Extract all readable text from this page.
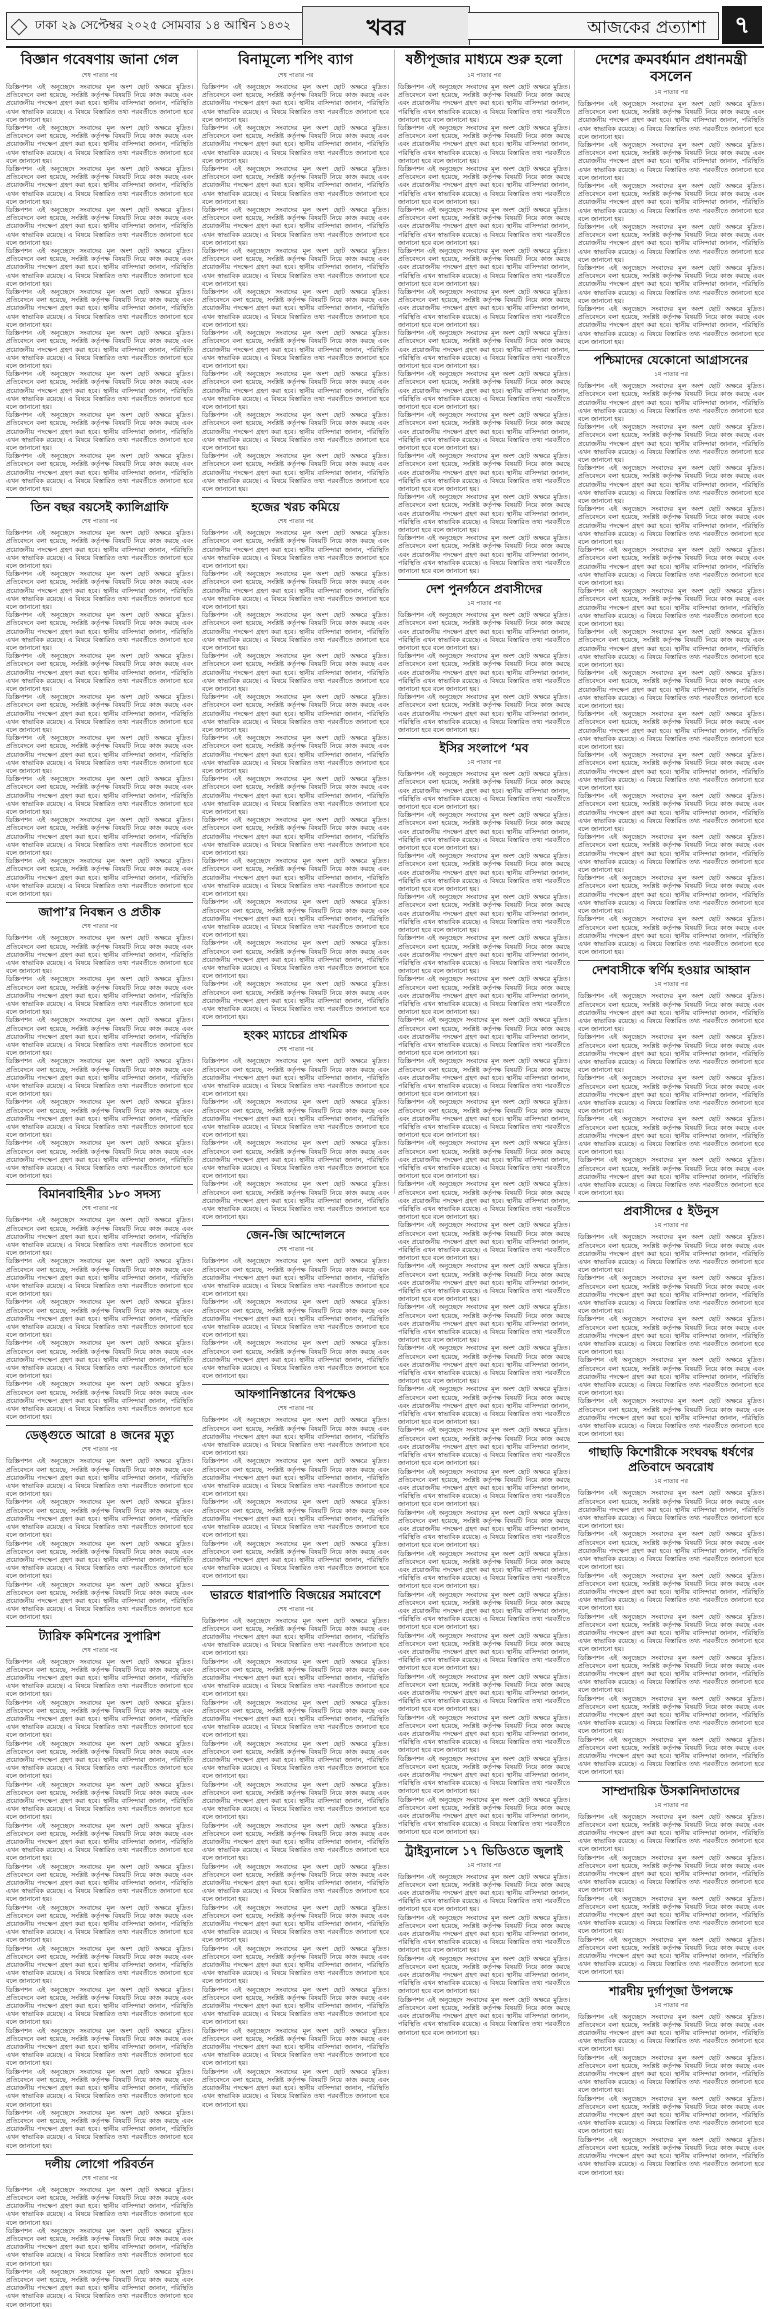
ঢাকা ২৯ সেপ্টেম্বর ২০২৫ সোমবার ১৪ আশ্বিন ১৪৩২	খবর	আজকের প্রত্যাশা	৭
বিজ্ঞান গবেষণায় জানা গেল
শেষ পাতার পর
ডিস্ক্রিপশন এই অনুচ্ছেদে সংবাদের মূল অংশ ছোট অক্ষরে মুদ্রিত। প্রতিবেদনে বলা হয়েছে, সংশ্লিষ্ট কর্তৃপক্ষ বিষয়টি নিয়ে কাজ করছে এবং প্রয়োজনীয় পদক্ষেপ গ্রহণ করা হবে। স্থানীয় বাসিন্দারা জানান, পরিস্থিতি এখন স্বাভাবিক রয়েছে। এ বিষয়ে বিস্তারিত তথ্য পরবর্তীতে জানানো হবে বলে জানানো হয়।
ডিস্ক্রিপশন এই অনুচ্ছেদে সংবাদের মূল অংশ ছোট অক্ষরে মুদ্রিত। প্রতিবেদনে বলা হয়েছে, সংশ্লিষ্ট কর্তৃপক্ষ বিষয়টি নিয়ে কাজ করছে এবং প্রয়োজনীয় পদক্ষেপ গ্রহণ করা হবে। স্থানীয় বাসিন্দারা জানান, পরিস্থিতি এখন স্বাভাবিক রয়েছে। এ বিষয়ে বিস্তারিত তথ্য পরবর্তীতে জানানো হবে বলে জানানো হয়।
ডিস্ক্রিপশন এই অনুচ্ছেদে সংবাদের মূল অংশ ছোট অক্ষরে মুদ্রিত। প্রতিবেদনে বলা হয়েছে, সংশ্লিষ্ট কর্তৃপক্ষ বিষয়টি নিয়ে কাজ করছে এবং প্রয়োজনীয় পদক্ষেপ গ্রহণ করা হবে। স্থানীয় বাসিন্দারা জানান, পরিস্থিতি এখন স্বাভাবিক রয়েছে। এ বিষয়ে বিস্তারিত তথ্য পরবর্তীতে জানানো হবে বলে জানানো হয়।
ডিস্ক্রিপশন এই অনুচ্ছেদে সংবাদের মূল অংশ ছোট অক্ষরে মুদ্রিত। প্রতিবেদনে বলা হয়েছে, সংশ্লিষ্ট কর্তৃপক্ষ বিষয়টি নিয়ে কাজ করছে এবং প্রয়োজনীয় পদক্ষেপ গ্রহণ করা হবে। স্থানীয় বাসিন্দারা জানান, পরিস্থিতি এখন স্বাভাবিক রয়েছে। এ বিষয়ে বিস্তারিত তথ্য পরবর্তীতে জানানো হবে বলে জানানো হয়।
ডিস্ক্রিপশন এই অনুচ্ছেদে সংবাদের মূল অংশ ছোট অক্ষরে মুদ্রিত। প্রতিবেদনে বলা হয়েছে, সংশ্লিষ্ট কর্তৃপক্ষ বিষয়টি নিয়ে কাজ করছে এবং প্রয়োজনীয় পদক্ষেপ গ্রহণ করা হবে। স্থানীয় বাসিন্দারা জানান, পরিস্থিতি এখন স্বাভাবিক রয়েছে। এ বিষয়ে বিস্তারিত তথ্য পরবর্তীতে জানানো হবে বলে জানানো হয়।
ডিস্ক্রিপশন এই অনুচ্ছেদে সংবাদের মূল অংশ ছোট অক্ষরে মুদ্রিত। প্রতিবেদনে বলা হয়েছে, সংশ্লিষ্ট কর্তৃপক্ষ বিষয়টি নিয়ে কাজ করছে এবং প্রয়োজনীয় পদক্ষেপ গ্রহণ করা হবে। স্থানীয় বাসিন্দারা জানান, পরিস্থিতি এখন স্বাভাবিক রয়েছে। এ বিষয়ে বিস্তারিত তথ্য পরবর্তীতে জানানো হবে বলে জানানো হয়।
ডিস্ক্রিপশন এই অনুচ্ছেদে সংবাদের মূল অংশ ছোট অক্ষরে মুদ্রিত। প্রতিবেদনে বলা হয়েছে, সংশ্লিষ্ট কর্তৃপক্ষ বিষয়টি নিয়ে কাজ করছে এবং প্রয়োজনীয় পদক্ষেপ গ্রহণ করা হবে। স্থানীয় বাসিন্দারা জানান, পরিস্থিতি এখন স্বাভাবিক রয়েছে। এ বিষয়ে বিস্তারিত তথ্য পরবর্তীতে জানানো হবে বলে জানানো হয়।
ডিস্ক্রিপশন এই অনুচ্ছেদে সংবাদের মূল অংশ ছোট অক্ষরে মুদ্রিত। প্রতিবেদনে বলা হয়েছে, সংশ্লিষ্ট কর্তৃপক্ষ বিষয়টি নিয়ে কাজ করছে এবং প্রয়োজনীয় পদক্ষেপ গ্রহণ করা হবে। স্থানীয় বাসিন্দারা জানান, পরিস্থিতি এখন স্বাভাবিক রয়েছে। এ বিষয়ে বিস্তারিত তথ্য পরবর্তীতে জানানো হবে বলে জানানো হয়।
ডিস্ক্রিপশন এই অনুচ্ছেদে সংবাদের মূল অংশ ছোট অক্ষরে মুদ্রিত। প্রতিবেদনে বলা হয়েছে, সংশ্লিষ্ট কর্তৃপক্ষ বিষয়টি নিয়ে কাজ করছে এবং প্রয়োজনীয় পদক্ষেপ গ্রহণ করা হবে। স্থানীয় বাসিন্দারা জানান, পরিস্থিতি এখন স্বাভাবিক রয়েছে। এ বিষয়ে বিস্তারিত তথ্য পরবর্তীতে জানানো হবে বলে জানানো হয়।
ডিস্ক্রিপশন এই অনুচ্ছেদে সংবাদের মূল অংশ ছোট অক্ষরে মুদ্রিত। প্রতিবেদনে বলা হয়েছে, সংশ্লিষ্ট কর্তৃপক্ষ বিষয়টি নিয়ে কাজ করছে এবং প্রয়োজনীয় পদক্ষেপ গ্রহণ করা হবে। স্থানীয় বাসিন্দারা জানান, পরিস্থিতি এখন স্বাভাবিক রয়েছে। এ বিষয়ে বিস্তারিত তথ্য পরবর্তীতে জানানো হবে বলে জানানো হয়।
তিন বছর বয়সেই ক্যালিগ্রাফি
শেষ পাতার পর
ডিস্ক্রিপশন এই অনুচ্ছেদে সংবাদের মূল অংশ ছোট অক্ষরে মুদ্রিত। প্রতিবেদনে বলা হয়েছে, সংশ্লিষ্ট কর্তৃপক্ষ বিষয়টি নিয়ে কাজ করছে এবং প্রয়োজনীয় পদক্ষেপ গ্রহণ করা হবে। স্থানীয় বাসিন্দারা জানান, পরিস্থিতি এখন স্বাভাবিক রয়েছে। এ বিষয়ে বিস্তারিত তথ্য পরবর্তীতে জানানো হবে বলে জানানো হয়।
ডিস্ক্রিপশন এই অনুচ্ছেদে সংবাদের মূল অংশ ছোট অক্ষরে মুদ্রিত। প্রতিবেদনে বলা হয়েছে, সংশ্লিষ্ট কর্তৃপক্ষ বিষয়টি নিয়ে কাজ করছে এবং প্রয়োজনীয় পদক্ষেপ গ্রহণ করা হবে। স্থানীয় বাসিন্দারা জানান, পরিস্থিতি এখন স্বাভাবিক রয়েছে। এ বিষয়ে বিস্তারিত তথ্য পরবর্তীতে জানানো হবে বলে জানানো হয়।
ডিস্ক্রিপশন এই অনুচ্ছেদে সংবাদের মূল অংশ ছোট অক্ষরে মুদ্রিত। প্রতিবেদনে বলা হয়েছে, সংশ্লিষ্ট কর্তৃপক্ষ বিষয়টি নিয়ে কাজ করছে এবং প্রয়োজনীয় পদক্ষেপ গ্রহণ করা হবে। স্থানীয় বাসিন্দারা জানান, পরিস্থিতি এখন স্বাভাবিক রয়েছে। এ বিষয়ে বিস্তারিত তথ্য পরবর্তীতে জানানো হবে বলে জানানো হয়।
ডিস্ক্রিপশন এই অনুচ্ছেদে সংবাদের মূল অংশ ছোট অক্ষরে মুদ্রিত। প্রতিবেদনে বলা হয়েছে, সংশ্লিষ্ট কর্তৃপক্ষ বিষয়টি নিয়ে কাজ করছে এবং প্রয়োজনীয় পদক্ষেপ গ্রহণ করা হবে। স্থানীয় বাসিন্দারা জানান, পরিস্থিতি এখন স্বাভাবিক রয়েছে। এ বিষয়ে বিস্তারিত তথ্য পরবর্তীতে জানানো হবে বলে জানানো হয়।
ডিস্ক্রিপশন এই অনুচ্ছেদে সংবাদের মূল অংশ ছোট অক্ষরে মুদ্রিত। প্রতিবেদনে বলা হয়েছে, সংশ্লিষ্ট কর্তৃপক্ষ বিষয়টি নিয়ে কাজ করছে এবং প্রয়োজনীয় পদক্ষেপ গ্রহণ করা হবে। স্থানীয় বাসিন্দারা জানান, পরিস্থিতি এখন স্বাভাবিক রয়েছে। এ বিষয়ে বিস্তারিত তথ্য পরবর্তীতে জানানো হবে বলে জানানো হয়।
ডিস্ক্রিপশন এই অনুচ্ছেদে সংবাদের মূল অংশ ছোট অক্ষরে মুদ্রিত। প্রতিবেদনে বলা হয়েছে, সংশ্লিষ্ট কর্তৃপক্ষ বিষয়টি নিয়ে কাজ করছে এবং প্রয়োজনীয় পদক্ষেপ গ্রহণ করা হবে। স্থানীয় বাসিন্দারা জানান, পরিস্থিতি এখন স্বাভাবিক রয়েছে। এ বিষয়ে বিস্তারিত তথ্য পরবর্তীতে জানানো হবে বলে জানানো হয়।
ডিস্ক্রিপশন এই অনুচ্ছেদে সংবাদের মূল অংশ ছোট অক্ষরে মুদ্রিত। প্রতিবেদনে বলা হয়েছে, সংশ্লিষ্ট কর্তৃপক্ষ বিষয়টি নিয়ে কাজ করছে এবং প্রয়োজনীয় পদক্ষেপ গ্রহণ করা হবে। স্থানীয় বাসিন্দারা জানান, পরিস্থিতি এখন স্বাভাবিক রয়েছে। এ বিষয়ে বিস্তারিত তথ্য পরবর্তীতে জানানো হবে বলে জানানো হয়।
ডিস্ক্রিপশন এই অনুচ্ছেদে সংবাদের মূল অংশ ছোট অক্ষরে মুদ্রিত। প্রতিবেদনে বলা হয়েছে, সংশ্লিষ্ট কর্তৃপক্ষ বিষয়টি নিয়ে কাজ করছে এবং প্রয়োজনীয় পদক্ষেপ গ্রহণ করা হবে। স্থানীয় বাসিন্দারা জানান, পরিস্থিতি এখন স্বাভাবিক রয়েছে। এ বিষয়ে বিস্তারিত তথ্য পরবর্তীতে জানানো হবে বলে জানানো হয়।
ডিস্ক্রিপশন এই অনুচ্ছেদে সংবাদের মূল অংশ ছোট অক্ষরে মুদ্রিত। প্রতিবেদনে বলা হয়েছে, সংশ্লিষ্ট কর্তৃপক্ষ বিষয়টি নিয়ে কাজ করছে এবং প্রয়োজনীয় পদক্ষেপ গ্রহণ করা হবে। স্থানীয় বাসিন্দারা জানান, পরিস্থিতি এখন স্বাভাবিক রয়েছে। এ বিষয়ে বিস্তারিত তথ্য পরবর্তীতে জানানো হবে বলে জানানো হয়।
জাপা’র নিবন্ধন ও প্রতীক
শেষ পাতার পর
ডিস্ক্রিপশন এই অনুচ্ছেদে সংবাদের মূল অংশ ছোট অক্ষরে মুদ্রিত। প্রতিবেদনে বলা হয়েছে, সংশ্লিষ্ট কর্তৃপক্ষ বিষয়টি নিয়ে কাজ করছে এবং প্রয়োজনীয় পদক্ষেপ গ্রহণ করা হবে। স্থানীয় বাসিন্দারা জানান, পরিস্থিতি এখন স্বাভাবিক রয়েছে। এ বিষয়ে বিস্তারিত তথ্য পরবর্তীতে জানানো হবে বলে জানানো হয়।
ডিস্ক্রিপশন এই অনুচ্ছেদে সংবাদের মূল অংশ ছোট অক্ষরে মুদ্রিত। প্রতিবেদনে বলা হয়েছে, সংশ্লিষ্ট কর্তৃপক্ষ বিষয়টি নিয়ে কাজ করছে এবং প্রয়োজনীয় পদক্ষেপ গ্রহণ করা হবে। স্থানীয় বাসিন্দারা জানান, পরিস্থিতি এখন স্বাভাবিক রয়েছে। এ বিষয়ে বিস্তারিত তথ্য পরবর্তীতে জানানো হবে বলে জানানো হয়।
ডিস্ক্রিপশন এই অনুচ্ছেদে সংবাদের মূল অংশ ছোট অক্ষরে মুদ্রিত। প্রতিবেদনে বলা হয়েছে, সংশ্লিষ্ট কর্তৃপক্ষ বিষয়টি নিয়ে কাজ করছে এবং প্রয়োজনীয় পদক্ষেপ গ্রহণ করা হবে। স্থানীয় বাসিন্দারা জানান, পরিস্থিতি এখন স্বাভাবিক রয়েছে। এ বিষয়ে বিস্তারিত তথ্য পরবর্তীতে জানানো হবে বলে জানানো হয়।
ডিস্ক্রিপশন এই অনুচ্ছেদে সংবাদের মূল অংশ ছোট অক্ষরে মুদ্রিত। প্রতিবেদনে বলা হয়েছে, সংশ্লিষ্ট কর্তৃপক্ষ বিষয়টি নিয়ে কাজ করছে এবং প্রয়োজনীয় পদক্ষেপ গ্রহণ করা হবে। স্থানীয় বাসিন্দারা জানান, পরিস্থিতি এখন স্বাভাবিক রয়েছে। এ বিষয়ে বিস্তারিত তথ্য পরবর্তীতে জানানো হবে বলে জানানো হয়।
ডিস্ক্রিপশন এই অনুচ্ছেদে সংবাদের মূল অংশ ছোট অক্ষরে মুদ্রিত। প্রতিবেদনে বলা হয়েছে, সংশ্লিষ্ট কর্তৃপক্ষ বিষয়টি নিয়ে কাজ করছে এবং প্রয়োজনীয় পদক্ষেপ গ্রহণ করা হবে। স্থানীয় বাসিন্দারা জানান, পরিস্থিতি এখন স্বাভাবিক রয়েছে। এ বিষয়ে বিস্তারিত তথ্য পরবর্তীতে জানানো হবে বলে জানানো হয়।
ডিস্ক্রিপশন এই অনুচ্ছেদে সংবাদের মূল অংশ ছোট অক্ষরে মুদ্রিত। প্রতিবেদনে বলা হয়েছে, সংশ্লিষ্ট কর্তৃপক্ষ বিষয়টি নিয়ে কাজ করছে এবং প্রয়োজনীয় পদক্ষেপ গ্রহণ করা হবে। স্থানীয় বাসিন্দারা জানান, পরিস্থিতি এখন স্বাভাবিক রয়েছে। এ বিষয়ে বিস্তারিত তথ্য পরবর্তীতে জানানো হবে বলে জানানো হয়।
বিমানবাহিনীর ১৮০ সদস্য
শেষ পাতার পর
ডিস্ক্রিপশন এই অনুচ্ছেদে সংবাদের মূল অংশ ছোট অক্ষরে মুদ্রিত। প্রতিবেদনে বলা হয়েছে, সংশ্লিষ্ট কর্তৃপক্ষ বিষয়টি নিয়ে কাজ করছে এবং প্রয়োজনীয় পদক্ষেপ গ্রহণ করা হবে। স্থানীয় বাসিন্দারা জানান, পরিস্থিতি এখন স্বাভাবিক রয়েছে। এ বিষয়ে বিস্তারিত তথ্য পরবর্তীতে জানানো হবে বলে জানানো হয়।
ডিস্ক্রিপশন এই অনুচ্ছেদে সংবাদের মূল অংশ ছোট অক্ষরে মুদ্রিত। প্রতিবেদনে বলা হয়েছে, সংশ্লিষ্ট কর্তৃপক্ষ বিষয়টি নিয়ে কাজ করছে এবং প্রয়োজনীয় পদক্ষেপ গ্রহণ করা হবে। স্থানীয় বাসিন্দারা জানান, পরিস্থিতি এখন স্বাভাবিক রয়েছে। এ বিষয়ে বিস্তারিত তথ্য পরবর্তীতে জানানো হবে বলে জানানো হয়।
ডিস্ক্রিপশন এই অনুচ্ছেদে সংবাদের মূল অংশ ছোট অক্ষরে মুদ্রিত। প্রতিবেদনে বলা হয়েছে, সংশ্লিষ্ট কর্তৃপক্ষ বিষয়টি নিয়ে কাজ করছে এবং প্রয়োজনীয় পদক্ষেপ গ্রহণ করা হবে। স্থানীয় বাসিন্দারা জানান, পরিস্থিতি এখন স্বাভাবিক রয়েছে। এ বিষয়ে বিস্তারিত তথ্য পরবর্তীতে জানানো হবে বলে জানানো হয়।
ডিস্ক্রিপশন এই অনুচ্ছেদে সংবাদের মূল অংশ ছোট অক্ষরে মুদ্রিত। প্রতিবেদনে বলা হয়েছে, সংশ্লিষ্ট কর্তৃপক্ষ বিষয়টি নিয়ে কাজ করছে এবং প্রয়োজনীয় পদক্ষেপ গ্রহণ করা হবে। স্থানীয় বাসিন্দারা জানান, পরিস্থিতি এখন স্বাভাবিক রয়েছে। এ বিষয়ে বিস্তারিত তথ্য পরবর্তীতে জানানো হবে বলে জানানো হয়।
ডিস্ক্রিপশন এই অনুচ্ছেদে সংবাদের মূল অংশ ছোট অক্ষরে মুদ্রিত। প্রতিবেদনে বলা হয়েছে, সংশ্লিষ্ট কর্তৃপক্ষ বিষয়টি নিয়ে কাজ করছে এবং প্রয়োজনীয় পদক্ষেপ গ্রহণ করা হবে। স্থানীয় বাসিন্দারা জানান, পরিস্থিতি এখন স্বাভাবিক রয়েছে। এ বিষয়ে বিস্তারিত তথ্য পরবর্তীতে জানানো হবে বলে জানানো হয়।
ডেঙ্গুতে আরো ৪ জনের মৃত্যু
শেষ পাতার পর
ডিস্ক্রিপশন এই অনুচ্ছেদে সংবাদের মূল অংশ ছোট অক্ষরে মুদ্রিত। প্রতিবেদনে বলা হয়েছে, সংশ্লিষ্ট কর্তৃপক্ষ বিষয়টি নিয়ে কাজ করছে এবং প্রয়োজনীয় পদক্ষেপ গ্রহণ করা হবে। স্থানীয় বাসিন্দারা জানান, পরিস্থিতি এখন স্বাভাবিক রয়েছে। এ বিষয়ে বিস্তারিত তথ্য পরবর্তীতে জানানো হবে বলে জানানো হয়।
ডিস্ক্রিপশন এই অনুচ্ছেদে সংবাদের মূল অংশ ছোট অক্ষরে মুদ্রিত। প্রতিবেদনে বলা হয়েছে, সংশ্লিষ্ট কর্তৃপক্ষ বিষয়টি নিয়ে কাজ করছে এবং প্রয়োজনীয় পদক্ষেপ গ্রহণ করা হবে। স্থানীয় বাসিন্দারা জানান, পরিস্থিতি এখন স্বাভাবিক রয়েছে। এ বিষয়ে বিস্তারিত তথ্য পরবর্তীতে জানানো হবে বলে জানানো হয়।
ডিস্ক্রিপশন এই অনুচ্ছেদে সংবাদের মূল অংশ ছোট অক্ষরে মুদ্রিত। প্রতিবেদনে বলা হয়েছে, সংশ্লিষ্ট কর্তৃপক্ষ বিষয়টি নিয়ে কাজ করছে এবং প্রয়োজনীয় পদক্ষেপ গ্রহণ করা হবে। স্থানীয় বাসিন্দারা জানান, পরিস্থিতি এখন স্বাভাবিক রয়েছে। এ বিষয়ে বিস্তারিত তথ্য পরবর্তীতে জানানো হবে বলে জানানো হয়।
ডিস্ক্রিপশন এই অনুচ্ছেদে সংবাদের মূল অংশ ছোট অক্ষরে মুদ্রিত। প্রতিবেদনে বলা হয়েছে, সংশ্লিষ্ট কর্তৃপক্ষ বিষয়টি নিয়ে কাজ করছে এবং প্রয়োজনীয় পদক্ষেপ গ্রহণ করা হবে। স্থানীয় বাসিন্দারা জানান, পরিস্থিতি এখন স্বাভাবিক রয়েছে। এ বিষয়ে বিস্তারিত তথ্য পরবর্তীতে জানানো হবে বলে জানানো হয়।
ট্যারিফ কমিশনের সুপারিশ
শেষ পাতার পর
ডিস্ক্রিপশন এই অনুচ্ছেদে সংবাদের মূল অংশ ছোট অক্ষরে মুদ্রিত। প্রতিবেদনে বলা হয়েছে, সংশ্লিষ্ট কর্তৃপক্ষ বিষয়টি নিয়ে কাজ করছে এবং প্রয়োজনীয় পদক্ষেপ গ্রহণ করা হবে। স্থানীয় বাসিন্দারা জানান, পরিস্থিতি এখন স্বাভাবিক রয়েছে। এ বিষয়ে বিস্তারিত তথ্য পরবর্তীতে জানানো হবে বলে জানানো হয়।
ডিস্ক্রিপশন এই অনুচ্ছেদে সংবাদের মূল অংশ ছোট অক্ষরে মুদ্রিত। প্রতিবেদনে বলা হয়েছে, সংশ্লিষ্ট কর্তৃপক্ষ বিষয়টি নিয়ে কাজ করছে এবং প্রয়োজনীয় পদক্ষেপ গ্রহণ করা হবে। স্থানীয় বাসিন্দারা জানান, পরিস্থিতি এখন স্বাভাবিক রয়েছে। এ বিষয়ে বিস্তারিত তথ্য পরবর্তীতে জানানো হবে বলে জানানো হয়।
ডিস্ক্রিপশন এই অনুচ্ছেদে সংবাদের মূল অংশ ছোট অক্ষরে মুদ্রিত। প্রতিবেদনে বলা হয়েছে, সংশ্লিষ্ট কর্তৃপক্ষ বিষয়টি নিয়ে কাজ করছে এবং প্রয়োজনীয় পদক্ষেপ গ্রহণ করা হবে। স্থানীয় বাসিন্দারা জানান, পরিস্থিতি এখন স্বাভাবিক রয়েছে। এ বিষয়ে বিস্তারিত তথ্য পরবর্তীতে জানানো হবে বলে জানানো হয়।
ডিস্ক্রিপশন এই অনুচ্ছেদে সংবাদের মূল অংশ ছোট অক্ষরে মুদ্রিত। প্রতিবেদনে বলা হয়েছে, সংশ্লিষ্ট কর্তৃপক্ষ বিষয়টি নিয়ে কাজ করছে এবং প্রয়োজনীয় পদক্ষেপ গ্রহণ করা হবে। স্থানীয় বাসিন্দারা জানান, পরিস্থিতি এখন স্বাভাবিক রয়েছে। এ বিষয়ে বিস্তারিত তথ্য পরবর্তীতে জানানো হবে বলে জানানো হয়।
ডিস্ক্রিপশন এই অনুচ্ছেদে সংবাদের মূল অংশ ছোট অক্ষরে মুদ্রিত। প্রতিবেদনে বলা হয়েছে, সংশ্লিষ্ট কর্তৃপক্ষ বিষয়টি নিয়ে কাজ করছে এবং প্রয়োজনীয় পদক্ষেপ গ্রহণ করা হবে। স্থানীয় বাসিন্দারা জানান, পরিস্থিতি এখন স্বাভাবিক রয়েছে। এ বিষয়ে বিস্তারিত তথ্য পরবর্তীতে জানানো হবে বলে জানানো হয়।
ডিস্ক্রিপশন এই অনুচ্ছেদে সংবাদের মূল অংশ ছোট অক্ষরে মুদ্রিত। প্রতিবেদনে বলা হয়েছে, সংশ্লিষ্ট কর্তৃপক্ষ বিষয়টি নিয়ে কাজ করছে এবং প্রয়োজনীয় পদক্ষেপ গ্রহণ করা হবে। স্থানীয় বাসিন্দারা জানান, পরিস্থিতি এখন স্বাভাবিক রয়েছে। এ বিষয়ে বিস্তারিত তথ্য পরবর্তীতে জানানো হবে বলে জানানো হয়।
ডিস্ক্রিপশন এই অনুচ্ছেদে সংবাদের মূল অংশ ছোট অক্ষরে মুদ্রিত। প্রতিবেদনে বলা হয়েছে, সংশ্লিষ্ট কর্তৃপক্ষ বিষয়টি নিয়ে কাজ করছে এবং প্রয়োজনীয় পদক্ষেপ গ্রহণ করা হবে। স্থানীয় বাসিন্দারা জানান, পরিস্থিতি এখন স্বাভাবিক রয়েছে। এ বিষয়ে বিস্তারিত তথ্য পরবর্তীতে জানানো হবে বলে জানানো হয়।
ডিস্ক্রিপশন এই অনুচ্ছেদে সংবাদের মূল অংশ ছোট অক্ষরে মুদ্রিত। প্রতিবেদনে বলা হয়েছে, সংশ্লিষ্ট কর্তৃপক্ষ বিষয়টি নিয়ে কাজ করছে এবং প্রয়োজনীয় পদক্ষেপ গ্রহণ করা হবে। স্থানীয় বাসিন্দারা জানান, পরিস্থিতি এখন স্বাভাবিক রয়েছে। এ বিষয়ে বিস্তারিত তথ্য পরবর্তীতে জানানো হবে বলে জানানো হয়।
ডিস্ক্রিপশন এই অনুচ্ছেদে সংবাদের মূল অংশ ছোট অক্ষরে মুদ্রিত। প্রতিবেদনে বলা হয়েছে, সংশ্লিষ্ট কর্তৃপক্ষ বিষয়টি নিয়ে কাজ করছে এবং প্রয়োজনীয় পদক্ষেপ গ্রহণ করা হবে। স্থানীয় বাসিন্দারা জানান, পরিস্থিতি এখন স্বাভাবিক রয়েছে। এ বিষয়ে বিস্তারিত তথ্য পরবর্তীতে জানানো হবে বলে জানানো হয়।
ডিস্ক্রিপশন এই অনুচ্ছেদে সংবাদের মূল অংশ ছোট অক্ষরে মুদ্রিত। প্রতিবেদনে বলা হয়েছে, সংশ্লিষ্ট কর্তৃপক্ষ বিষয়টি নিয়ে কাজ করছে এবং প্রয়োজনীয় পদক্ষেপ গ্রহণ করা হবে। স্থানীয় বাসিন্দারা জানান, পরিস্থিতি এখন স্বাভাবিক রয়েছে। এ বিষয়ে বিস্তারিত তথ্য পরবর্তীতে জানানো হবে বলে জানানো হয়।
ডিস্ক্রিপশন এই অনুচ্ছেদে সংবাদের মূল অংশ ছোট অক্ষরে মুদ্রিত। প্রতিবেদনে বলা হয়েছে, সংশ্লিষ্ট কর্তৃপক্ষ বিষয়টি নিয়ে কাজ করছে এবং প্রয়োজনীয় পদক্ষেপ গ্রহণ করা হবে। স্থানীয় বাসিন্দারা জানান, পরিস্থিতি এখন স্বাভাবিক রয়েছে। এ বিষয়ে বিস্তারিত তথ্য পরবর্তীতে জানানো হবে বলে জানানো হয়।
ডিস্ক্রিপশন এই অনুচ্ছেদে সংবাদের মূল অংশ ছোট অক্ষরে মুদ্রিত। প্রতিবেদনে বলা হয়েছে, সংশ্লিষ্ট কর্তৃপক্ষ বিষয়টি নিয়ে কাজ করছে এবং প্রয়োজনীয় পদক্ষেপ গ্রহণ করা হবে। স্থানীয় বাসিন্দারা জানান, পরিস্থিতি এখন স্বাভাবিক রয়েছে। এ বিষয়ে বিস্তারিত তথ্য পরবর্তীতে জানানো হবে বলে জানানো হয়।
দলীয় লোগো পরিবর্তন
শেষ পাতার পর
ডিস্ক্রিপশন এই অনুচ্ছেদে সংবাদের মূল অংশ ছোট অক্ষরে মুদ্রিত। প্রতিবেদনে বলা হয়েছে, সংশ্লিষ্ট কর্তৃপক্ষ বিষয়টি নিয়ে কাজ করছে এবং প্রয়োজনীয় পদক্ষেপ গ্রহণ করা হবে। স্থানীয় বাসিন্দারা জানান, পরিস্থিতি এখন স্বাভাবিক রয়েছে। এ বিষয়ে বিস্তারিত তথ্য পরবর্তীতে জানানো হবে বলে জানানো হয়।
ডিস্ক্রিপশন এই অনুচ্ছেদে সংবাদের মূল অংশ ছোট অক্ষরে মুদ্রিত। প্রতিবেদনে বলা হয়েছে, সংশ্লিষ্ট কর্তৃপক্ষ বিষয়টি নিয়ে কাজ করছে এবং প্রয়োজনীয় পদক্ষেপ গ্রহণ করা হবে। স্থানীয় বাসিন্দারা জানান, পরিস্থিতি এখন স্বাভাবিক রয়েছে। এ বিষয়ে বিস্তারিত তথ্য পরবর্তীতে জানানো হবে বলে জানানো হয়।
ডিস্ক্রিপশন এই অনুচ্ছেদে সংবাদের মূল অংশ ছোট অক্ষরে মুদ্রিত। প্রতিবেদনে বলা হয়েছে, সংশ্লিষ্ট কর্তৃপক্ষ বিষয়টি নিয়ে কাজ করছে এবং প্রয়োজনীয় পদক্ষেপ গ্রহণ করা হবে। স্থানীয় বাসিন্দারা জানান, পরিস্থিতি এখন স্বাভাবিক রয়েছে। এ বিষয়ে বিস্তারিত তথ্য পরবর্তীতে জানানো হবে বলে জানানো হয়।
বিনামূল্যে শপিং ব্যাগ
শেষ পাতার পর
ডিস্ক্রিপশন এই অনুচ্ছেদে সংবাদের মূল অংশ ছোট অক্ষরে মুদ্রিত। প্রতিবেদনে বলা হয়েছে, সংশ্লিষ্ট কর্তৃপক্ষ বিষয়টি নিয়ে কাজ করছে এবং প্রয়োজনীয় পদক্ষেপ গ্রহণ করা হবে। স্থানীয় বাসিন্দারা জানান, পরিস্থিতি এখন স্বাভাবিক রয়েছে। এ বিষয়ে বিস্তারিত তথ্য পরবর্তীতে জানানো হবে বলে জানানো হয়।
ডিস্ক্রিপশন এই অনুচ্ছেদে সংবাদের মূল অংশ ছোট অক্ষরে মুদ্রিত। প্রতিবেদনে বলা হয়েছে, সংশ্লিষ্ট কর্তৃপক্ষ বিষয়টি নিয়ে কাজ করছে এবং প্রয়োজনীয় পদক্ষেপ গ্রহণ করা হবে। স্থানীয় বাসিন্দারা জানান, পরিস্থিতি এখন স্বাভাবিক রয়েছে। এ বিষয়ে বিস্তারিত তথ্য পরবর্তীতে জানানো হবে বলে জানানো হয়।
ডিস্ক্রিপশন এই অনুচ্ছেদে সংবাদের মূল অংশ ছোট অক্ষরে মুদ্রিত। প্রতিবেদনে বলা হয়েছে, সংশ্লিষ্ট কর্তৃপক্ষ বিষয়টি নিয়ে কাজ করছে এবং প্রয়োজনীয় পদক্ষেপ গ্রহণ করা হবে। স্থানীয় বাসিন্দারা জানান, পরিস্থিতি এখন স্বাভাবিক রয়েছে। এ বিষয়ে বিস্তারিত তথ্য পরবর্তীতে জানানো হবে বলে জানানো হয়।
ডিস্ক্রিপশন এই অনুচ্ছেদে সংবাদের মূল অংশ ছোট অক্ষরে মুদ্রিত। প্রতিবেদনে বলা হয়েছে, সংশ্লিষ্ট কর্তৃপক্ষ বিষয়টি নিয়ে কাজ করছে এবং প্রয়োজনীয় পদক্ষেপ গ্রহণ করা হবে। স্থানীয় বাসিন্দারা জানান, পরিস্থিতি এখন স্বাভাবিক রয়েছে। এ বিষয়ে বিস্তারিত তথ্য পরবর্তীতে জানানো হবে বলে জানানো হয়।
ডিস্ক্রিপশন এই অনুচ্ছেদে সংবাদের মূল অংশ ছোট অক্ষরে মুদ্রিত। প্রতিবেদনে বলা হয়েছে, সংশ্লিষ্ট কর্তৃপক্ষ বিষয়টি নিয়ে কাজ করছে এবং প্রয়োজনীয় পদক্ষেপ গ্রহণ করা হবে। স্থানীয় বাসিন্দারা জানান, পরিস্থিতি এখন স্বাভাবিক রয়েছে। এ বিষয়ে বিস্তারিত তথ্য পরবর্তীতে জানানো হবে বলে জানানো হয়।
ডিস্ক্রিপশন এই অনুচ্ছেদে সংবাদের মূল অংশ ছোট অক্ষরে মুদ্রিত। প্রতিবেদনে বলা হয়েছে, সংশ্লিষ্ট কর্তৃপক্ষ বিষয়টি নিয়ে কাজ করছে এবং প্রয়োজনীয় পদক্ষেপ গ্রহণ করা হবে। স্থানীয় বাসিন্দারা জানান, পরিস্থিতি এখন স্বাভাবিক রয়েছে। এ বিষয়ে বিস্তারিত তথ্য পরবর্তীতে জানানো হবে বলে জানানো হয়।
ডিস্ক্রিপশন এই অনুচ্ছেদে সংবাদের মূল অংশ ছোট অক্ষরে মুদ্রিত। প্রতিবেদনে বলা হয়েছে, সংশ্লিষ্ট কর্তৃপক্ষ বিষয়টি নিয়ে কাজ করছে এবং প্রয়োজনীয় পদক্ষেপ গ্রহণ করা হবে। স্থানীয় বাসিন্দারা জানান, পরিস্থিতি এখন স্বাভাবিক রয়েছে। এ বিষয়ে বিস্তারিত তথ্য পরবর্তীতে জানানো হবে বলে জানানো হয়।
ডিস্ক্রিপশন এই অনুচ্ছেদে সংবাদের মূল অংশ ছোট অক্ষরে মুদ্রিত। প্রতিবেদনে বলা হয়েছে, সংশ্লিষ্ট কর্তৃপক্ষ বিষয়টি নিয়ে কাজ করছে এবং প্রয়োজনীয় পদক্ষেপ গ্রহণ করা হবে। স্থানীয় বাসিন্দারা জানান, পরিস্থিতি এখন স্বাভাবিক রয়েছে। এ বিষয়ে বিস্তারিত তথ্য পরবর্তীতে জানানো হবে বলে জানানো হয়।
ডিস্ক্রিপশন এই অনুচ্ছেদে সংবাদের মূল অংশ ছোট অক্ষরে মুদ্রিত। প্রতিবেদনে বলা হয়েছে, সংশ্লিষ্ট কর্তৃপক্ষ বিষয়টি নিয়ে কাজ করছে এবং প্রয়োজনীয় পদক্ষেপ গ্রহণ করা হবে। স্থানীয় বাসিন্দারা জানান, পরিস্থিতি এখন স্বাভাবিক রয়েছে। এ বিষয়ে বিস্তারিত তথ্য পরবর্তীতে জানানো হবে বলে জানানো হয়।
ডিস্ক্রিপশন এই অনুচ্ছেদে সংবাদের মূল অংশ ছোট অক্ষরে মুদ্রিত। প্রতিবেদনে বলা হয়েছে, সংশ্লিষ্ট কর্তৃপক্ষ বিষয়টি নিয়ে কাজ করছে এবং প্রয়োজনীয় পদক্ষেপ গ্রহণ করা হবে। স্থানীয় বাসিন্দারা জানান, পরিস্থিতি এখন স্বাভাবিক রয়েছে। এ বিষয়ে বিস্তারিত তথ্য পরবর্তীতে জানানো হবে বলে জানানো হয়।
হজের খরচ কমিয়ে
শেষ পাতার পর
ডিস্ক্রিপশন এই অনুচ্ছেদে সংবাদের মূল অংশ ছোট অক্ষরে মুদ্রিত। প্রতিবেদনে বলা হয়েছে, সংশ্লিষ্ট কর্তৃপক্ষ বিষয়টি নিয়ে কাজ করছে এবং প্রয়োজনীয় পদক্ষেপ গ্রহণ করা হবে। স্থানীয় বাসিন্দারা জানান, পরিস্থিতি এখন স্বাভাবিক রয়েছে। এ বিষয়ে বিস্তারিত তথ্য পরবর্তীতে জানানো হবে বলে জানানো হয়।
ডিস্ক্রিপশন এই অনুচ্ছেদে সংবাদের মূল অংশ ছোট অক্ষরে মুদ্রিত। প্রতিবেদনে বলা হয়েছে, সংশ্লিষ্ট কর্তৃপক্ষ বিষয়টি নিয়ে কাজ করছে এবং প্রয়োজনীয় পদক্ষেপ গ্রহণ করা হবে। স্থানীয় বাসিন্দারা জানান, পরিস্থিতি এখন স্বাভাবিক রয়েছে। এ বিষয়ে বিস্তারিত তথ্য পরবর্তীতে জানানো হবে বলে জানানো হয়।
ডিস্ক্রিপশন এই অনুচ্ছেদে সংবাদের মূল অংশ ছোট অক্ষরে মুদ্রিত। প্রতিবেদনে বলা হয়েছে, সংশ্লিষ্ট কর্তৃপক্ষ বিষয়টি নিয়ে কাজ করছে এবং প্রয়োজনীয় পদক্ষেপ গ্রহণ করা হবে। স্থানীয় বাসিন্দারা জানান, পরিস্থিতি এখন স্বাভাবিক রয়েছে। এ বিষয়ে বিস্তারিত তথ্য পরবর্তীতে জানানো হবে বলে জানানো হয়।
ডিস্ক্রিপশন এই অনুচ্ছেদে সংবাদের মূল অংশ ছোট অক্ষরে মুদ্রিত। প্রতিবেদনে বলা হয়েছে, সংশ্লিষ্ট কর্তৃপক্ষ বিষয়টি নিয়ে কাজ করছে এবং প্রয়োজনীয় পদক্ষেপ গ্রহণ করা হবে। স্থানীয় বাসিন্দারা জানান, পরিস্থিতি এখন স্বাভাবিক রয়েছে। এ বিষয়ে বিস্তারিত তথ্য পরবর্তীতে জানানো হবে বলে জানানো হয়।
ডিস্ক্রিপশন এই অনুচ্ছেদে সংবাদের মূল অংশ ছোট অক্ষরে মুদ্রিত। প্রতিবেদনে বলা হয়েছে, সংশ্লিষ্ট কর্তৃপক্ষ বিষয়টি নিয়ে কাজ করছে এবং প্রয়োজনীয় পদক্ষেপ গ্রহণ করা হবে। স্থানীয় বাসিন্দারা জানান, পরিস্থিতি এখন স্বাভাবিক রয়েছে। এ বিষয়ে বিস্তারিত তথ্য পরবর্তীতে জানানো হবে বলে জানানো হয়।
ডিস্ক্রিপশন এই অনুচ্ছেদে সংবাদের মূল অংশ ছোট অক্ষরে মুদ্রিত। প্রতিবেদনে বলা হয়েছে, সংশ্লিষ্ট কর্তৃপক্ষ বিষয়টি নিয়ে কাজ করছে এবং প্রয়োজনীয় পদক্ষেপ গ্রহণ করা হবে। স্থানীয় বাসিন্দারা জানান, পরিস্থিতি এখন স্বাভাবিক রয়েছে। এ বিষয়ে বিস্তারিত তথ্য পরবর্তীতে জানানো হবে বলে জানানো হয়।
ডিস্ক্রিপশন এই অনুচ্ছেদে সংবাদের মূল অংশ ছোট অক্ষরে মুদ্রিত। প্রতিবেদনে বলা হয়েছে, সংশ্লিষ্ট কর্তৃপক্ষ বিষয়টি নিয়ে কাজ করছে এবং প্রয়োজনীয় পদক্ষেপ গ্রহণ করা হবে। স্থানীয় বাসিন্দারা জানান, পরিস্থিতি এখন স্বাভাবিক রয়েছে। এ বিষয়ে বিস্তারিত তথ্য পরবর্তীতে জানানো হবে বলে জানানো হয়।
ডিস্ক্রিপশন এই অনুচ্ছেদে সংবাদের মূল অংশ ছোট অক্ষরে মুদ্রিত। প্রতিবেদনে বলা হয়েছে, সংশ্লিষ্ট কর্তৃপক্ষ বিষয়টি নিয়ে কাজ করছে এবং প্রয়োজনীয় পদক্ষেপ গ্রহণ করা হবে। স্থানীয় বাসিন্দারা জানান, পরিস্থিতি এখন স্বাভাবিক রয়েছে। এ বিষয়ে বিস্তারিত তথ্য পরবর্তীতে জানানো হবে বলে জানানো হয়।
ডিস্ক্রিপশন এই অনুচ্ছেদে সংবাদের মূল অংশ ছোট অক্ষরে মুদ্রিত। প্রতিবেদনে বলা হয়েছে, সংশ্লিষ্ট কর্তৃপক্ষ বিষয়টি নিয়ে কাজ করছে এবং প্রয়োজনীয় পদক্ষেপ গ্রহণ করা হবে। স্থানীয় বাসিন্দারা জানান, পরিস্থিতি এখন স্বাভাবিক রয়েছে। এ বিষয়ে বিস্তারিত তথ্য পরবর্তীতে জানানো হবে বলে জানানো হয়।
ডিস্ক্রিপশন এই অনুচ্ছেদে সংবাদের মূল অংশ ছোট অক্ষরে মুদ্রিত। প্রতিবেদনে বলা হয়েছে, সংশ্লিষ্ট কর্তৃপক্ষ বিষয়টি নিয়ে কাজ করছে এবং প্রয়োজনীয় পদক্ষেপ গ্রহণ করা হবে। স্থানীয় বাসিন্দারা জানান, পরিস্থিতি এখন স্বাভাবিক রয়েছে। এ বিষয়ে বিস্তারিত তথ্য পরবর্তীতে জানানো হবে বলে জানানো হয়।
ডিস্ক্রিপশন এই অনুচ্ছেদে সংবাদের মূল অংশ ছোট অক্ষরে মুদ্রিত। প্রতিবেদনে বলা হয়েছে, সংশ্লিষ্ট কর্তৃপক্ষ বিষয়টি নিয়ে কাজ করছে এবং প্রয়োজনীয় পদক্ষেপ গ্রহণ করা হবে। স্থানীয় বাসিন্দারা জানান, পরিস্থিতি এখন স্বাভাবিক রয়েছে। এ বিষয়ে বিস্তারিত তথ্য পরবর্তীতে জানানো হবে বলে জানানো হয়।
ডিস্ক্রিপশন এই অনুচ্ছেদে সংবাদের মূল অংশ ছোট অক্ষরে মুদ্রিত। প্রতিবেদনে বলা হয়েছে, সংশ্লিষ্ট কর্তৃপক্ষ বিষয়টি নিয়ে কাজ করছে এবং প্রয়োজনীয় পদক্ষেপ গ্রহণ করা হবে। স্থানীয় বাসিন্দারা জানান, পরিস্থিতি এখন স্বাভাবিক রয়েছে। এ বিষয়ে বিস্তারিত তথ্য পরবর্তীতে জানানো হবে বলে জানানো হয়।
হংকং ম্যাচের প্রাথমিক
শেষ পাতার পর
ডিস্ক্রিপশন এই অনুচ্ছেদে সংবাদের মূল অংশ ছোট অক্ষরে মুদ্রিত। প্রতিবেদনে বলা হয়েছে, সংশ্লিষ্ট কর্তৃপক্ষ বিষয়টি নিয়ে কাজ করছে এবং প্রয়োজনীয় পদক্ষেপ গ্রহণ করা হবে। স্থানীয় বাসিন্দারা জানান, পরিস্থিতি এখন স্বাভাবিক রয়েছে। এ বিষয়ে বিস্তারিত তথ্য পরবর্তীতে জানানো হবে বলে জানানো হয়।
ডিস্ক্রিপশন এই অনুচ্ছেদে সংবাদের মূল অংশ ছোট অক্ষরে মুদ্রিত। প্রতিবেদনে বলা হয়েছে, সংশ্লিষ্ট কর্তৃপক্ষ বিষয়টি নিয়ে কাজ করছে এবং প্রয়োজনীয় পদক্ষেপ গ্রহণ করা হবে। স্থানীয় বাসিন্দারা জানান, পরিস্থিতি এখন স্বাভাবিক রয়েছে। এ বিষয়ে বিস্তারিত তথ্য পরবর্তীতে জানানো হবে বলে জানানো হয়।
ডিস্ক্রিপশন এই অনুচ্ছেদে সংবাদের মূল অংশ ছোট অক্ষরে মুদ্রিত। প্রতিবেদনে বলা হয়েছে, সংশ্লিষ্ট কর্তৃপক্ষ বিষয়টি নিয়ে কাজ করছে এবং প্রয়োজনীয় পদক্ষেপ গ্রহণ করা হবে। স্থানীয় বাসিন্দারা জানান, পরিস্থিতি এখন স্বাভাবিক রয়েছে। এ বিষয়ে বিস্তারিত তথ্য পরবর্তীতে জানানো হবে বলে জানানো হয়।
ডিস্ক্রিপশন এই অনুচ্ছেদে সংবাদের মূল অংশ ছোট অক্ষরে মুদ্রিত। প্রতিবেদনে বলা হয়েছে, সংশ্লিষ্ট কর্তৃপক্ষ বিষয়টি নিয়ে কাজ করছে এবং প্রয়োজনীয় পদক্ষেপ গ্রহণ করা হবে। স্থানীয় বাসিন্দারা জানান, পরিস্থিতি এখন স্বাভাবিক রয়েছে। এ বিষয়ে বিস্তারিত তথ্য পরবর্তীতে জানানো হবে বলে জানানো হয়।
জেন-জি আন্দোলনে
শেষ পাতার পর
ডিস্ক্রিপশন এই অনুচ্ছেদে সংবাদের মূল অংশ ছোট অক্ষরে মুদ্রিত। প্রতিবেদনে বলা হয়েছে, সংশ্লিষ্ট কর্তৃপক্ষ বিষয়টি নিয়ে কাজ করছে এবং প্রয়োজনীয় পদক্ষেপ গ্রহণ করা হবে। স্থানীয় বাসিন্দারা জানান, পরিস্থিতি এখন স্বাভাবিক রয়েছে। এ বিষয়ে বিস্তারিত তথ্য পরবর্তীতে জানানো হবে বলে জানানো হয়।
ডিস্ক্রিপশন এই অনুচ্ছেদে সংবাদের মূল অংশ ছোট অক্ষরে মুদ্রিত। প্রতিবেদনে বলা হয়েছে, সংশ্লিষ্ট কর্তৃপক্ষ বিষয়টি নিয়ে কাজ করছে এবং প্রয়োজনীয় পদক্ষেপ গ্রহণ করা হবে। স্থানীয় বাসিন্দারা জানান, পরিস্থিতি এখন স্বাভাবিক রয়েছে। এ বিষয়ে বিস্তারিত তথ্য পরবর্তীতে জানানো হবে বলে জানানো হয়।
ডিস্ক্রিপশন এই অনুচ্ছেদে সংবাদের মূল অংশ ছোট অক্ষরে মুদ্রিত। প্রতিবেদনে বলা হয়েছে, সংশ্লিষ্ট কর্তৃপক্ষ বিষয়টি নিয়ে কাজ করছে এবং প্রয়োজনীয় পদক্ষেপ গ্রহণ করা হবে। স্থানীয় বাসিন্দারা জানান, পরিস্থিতি এখন স্বাভাবিক রয়েছে। এ বিষয়ে বিস্তারিত তথ্য পরবর্তীতে জানানো হবে বলে জানানো হয়।
আফগানিস্তানের বিপক্ষেও
শেষ পাতার পর
ডিস্ক্রিপশন এই অনুচ্ছেদে সংবাদের মূল অংশ ছোট অক্ষরে মুদ্রিত। প্রতিবেদনে বলা হয়েছে, সংশ্লিষ্ট কর্তৃপক্ষ বিষয়টি নিয়ে কাজ করছে এবং প্রয়োজনীয় পদক্ষেপ গ্রহণ করা হবে। স্থানীয় বাসিন্দারা জানান, পরিস্থিতি এখন স্বাভাবিক রয়েছে। এ বিষয়ে বিস্তারিত তথ্য পরবর্তীতে জানানো হবে বলে জানানো হয়।
ডিস্ক্রিপশন এই অনুচ্ছেদে সংবাদের মূল অংশ ছোট অক্ষরে মুদ্রিত। প্রতিবেদনে বলা হয়েছে, সংশ্লিষ্ট কর্তৃপক্ষ বিষয়টি নিয়ে কাজ করছে এবং প্রয়োজনীয় পদক্ষেপ গ্রহণ করা হবে। স্থানীয় বাসিন্দারা জানান, পরিস্থিতি এখন স্বাভাবিক রয়েছে। এ বিষয়ে বিস্তারিত তথ্য পরবর্তীতে জানানো হবে বলে জানানো হয়।
ডিস্ক্রিপশন এই অনুচ্ছেদে সংবাদের মূল অংশ ছোট অক্ষরে মুদ্রিত। প্রতিবেদনে বলা হয়েছে, সংশ্লিষ্ট কর্তৃপক্ষ বিষয়টি নিয়ে কাজ করছে এবং প্রয়োজনীয় পদক্ষেপ গ্রহণ করা হবে। স্থানীয় বাসিন্দারা জানান, পরিস্থিতি এখন স্বাভাবিক রয়েছে। এ বিষয়ে বিস্তারিত তথ্য পরবর্তীতে জানানো হবে বলে জানানো হয়।
ডিস্ক্রিপশন এই অনুচ্ছেদে সংবাদের মূল অংশ ছোট অক্ষরে মুদ্রিত। প্রতিবেদনে বলা হয়েছে, সংশ্লিষ্ট কর্তৃপক্ষ বিষয়টি নিয়ে কাজ করছে এবং প্রয়োজনীয় পদক্ষেপ গ্রহণ করা হবে। স্থানীয় বাসিন্দারা জানান, পরিস্থিতি এখন স্বাভাবিক রয়েছে। এ বিষয়ে বিস্তারিত তথ্য পরবর্তীতে জানানো হবে বলে জানানো হয়।
ভারতে ধারাপাতি বিজয়ের সমাবেশে
শেষ পাতার পর
ডিস্ক্রিপশন এই অনুচ্ছেদে সংবাদের মূল অংশ ছোট অক্ষরে মুদ্রিত। প্রতিবেদনে বলা হয়েছে, সংশ্লিষ্ট কর্তৃপক্ষ বিষয়টি নিয়ে কাজ করছে এবং প্রয়োজনীয় পদক্ষেপ গ্রহণ করা হবে। স্থানীয় বাসিন্দারা জানান, পরিস্থিতি এখন স্বাভাবিক রয়েছে। এ বিষয়ে বিস্তারিত তথ্য পরবর্তীতে জানানো হবে বলে জানানো হয়।
ডিস্ক্রিপশন এই অনুচ্ছেদে সংবাদের মূল অংশ ছোট অক্ষরে মুদ্রিত। প্রতিবেদনে বলা হয়েছে, সংশ্লিষ্ট কর্তৃপক্ষ বিষয়টি নিয়ে কাজ করছে এবং প্রয়োজনীয় পদক্ষেপ গ্রহণ করা হবে। স্থানীয় বাসিন্দারা জানান, পরিস্থিতি এখন স্বাভাবিক রয়েছে। এ বিষয়ে বিস্তারিত তথ্য পরবর্তীতে জানানো হবে বলে জানানো হয়।
ডিস্ক্রিপশন এই অনুচ্ছেদে সংবাদের মূল অংশ ছোট অক্ষরে মুদ্রিত। প্রতিবেদনে বলা হয়েছে, সংশ্লিষ্ট কর্তৃপক্ষ বিষয়টি নিয়ে কাজ করছে এবং প্রয়োজনীয় পদক্ষেপ গ্রহণ করা হবে। স্থানীয় বাসিন্দারা জানান, পরিস্থিতি এখন স্বাভাবিক রয়েছে। এ বিষয়ে বিস্তারিত তথ্য পরবর্তীতে জানানো হবে বলে জানানো হয়।
ডিস্ক্রিপশন এই অনুচ্ছেদে সংবাদের মূল অংশ ছোট অক্ষরে মুদ্রিত। প্রতিবেদনে বলা হয়েছে, সংশ্লিষ্ট কর্তৃপক্ষ বিষয়টি নিয়ে কাজ করছে এবং প্রয়োজনীয় পদক্ষেপ গ্রহণ করা হবে। স্থানীয় বাসিন্দারা জানান, পরিস্থিতি এখন স্বাভাবিক রয়েছে। এ বিষয়ে বিস্তারিত তথ্য পরবর্তীতে জানানো হবে বলে জানানো হয়।
ডিস্ক্রিপশন এই অনুচ্ছেদে সংবাদের মূল অংশ ছোট অক্ষরে মুদ্রিত। প্রতিবেদনে বলা হয়েছে, সংশ্লিষ্ট কর্তৃপক্ষ বিষয়টি নিয়ে কাজ করছে এবং প্রয়োজনীয় পদক্ষেপ গ্রহণ করা হবে। স্থানীয় বাসিন্দারা জানান, পরিস্থিতি এখন স্বাভাবিক রয়েছে। এ বিষয়ে বিস্তারিত তথ্য পরবর্তীতে জানানো হবে বলে জানানো হয়।
ডিস্ক্রিপশন এই অনুচ্ছেদে সংবাদের মূল অংশ ছোট অক্ষরে মুদ্রিত। প্রতিবেদনে বলা হয়েছে, সংশ্লিষ্ট কর্তৃপক্ষ বিষয়টি নিয়ে কাজ করছে এবং প্রয়োজনীয় পদক্ষেপ গ্রহণ করা হবে। স্থানীয় বাসিন্দারা জানান, পরিস্থিতি এখন স্বাভাবিক রয়েছে। এ বিষয়ে বিস্তারিত তথ্য পরবর্তীতে জানানো হবে বলে জানানো হয়।
ডিস্ক্রিপশন এই অনুচ্ছেদে সংবাদের মূল অংশ ছোট অক্ষরে মুদ্রিত। প্রতিবেদনে বলা হয়েছে, সংশ্লিষ্ট কর্তৃপক্ষ বিষয়টি নিয়ে কাজ করছে এবং প্রয়োজনীয় পদক্ষেপ গ্রহণ করা হবে। স্থানীয় বাসিন্দারা জানান, পরিস্থিতি এখন স্বাভাবিক রয়েছে। এ বিষয়ে বিস্তারিত তথ্য পরবর্তীতে জানানো হবে বলে জানানো হয়।
ডিস্ক্রিপশন এই অনুচ্ছেদে সংবাদের মূল অংশ ছোট অক্ষরে মুদ্রিত। প্রতিবেদনে বলা হয়েছে, সংশ্লিষ্ট কর্তৃপক্ষ বিষয়টি নিয়ে কাজ করছে এবং প্রয়োজনীয় পদক্ষেপ গ্রহণ করা হবে। স্থানীয় বাসিন্দারা জানান, পরিস্থিতি এখন স্বাভাবিক রয়েছে। এ বিষয়ে বিস্তারিত তথ্য পরবর্তীতে জানানো হবে বলে জানানো হয়।
ডিস্ক্রিপশন এই অনুচ্ছেদে সংবাদের মূল অংশ ছোট অক্ষরে মুদ্রিত। প্রতিবেদনে বলা হয়েছে, সংশ্লিষ্ট কর্তৃপক্ষ বিষয়টি নিয়ে কাজ করছে এবং প্রয়োজনীয় পদক্ষেপ গ্রহণ করা হবে। স্থানীয় বাসিন্দারা জানান, পরিস্থিতি এখন স্বাভাবিক রয়েছে। এ বিষয়ে বিস্তারিত তথ্য পরবর্তীতে জানানো হবে বলে জানানো হয়।
ডিস্ক্রিপশন এই অনুচ্ছেদে সংবাদের মূল অংশ ছোট অক্ষরে মুদ্রিত। প্রতিবেদনে বলা হয়েছে, সংশ্লিষ্ট কর্তৃপক্ষ বিষয়টি নিয়ে কাজ করছে এবং প্রয়োজনীয় পদক্ষেপ গ্রহণ করা হবে। স্থানীয় বাসিন্দারা জানান, পরিস্থিতি এখন স্বাভাবিক রয়েছে। এ বিষয়ে বিস্তারিত তথ্য পরবর্তীতে জানানো হবে বলে জানানো হয়।
ডিস্ক্রিপশন এই অনুচ্ছেদে সংবাদের মূল অংশ ছোট অক্ষরে মুদ্রিত। প্রতিবেদনে বলা হয়েছে, সংশ্লিষ্ট কর্তৃপক্ষ বিষয়টি নিয়ে কাজ করছে এবং প্রয়োজনীয় পদক্ষেপ গ্রহণ করা হবে। স্থানীয় বাসিন্দারা জানান, পরিস্থিতি এখন স্বাভাবিক রয়েছে। এ বিষয়ে বিস্তারিত তথ্য পরবর্তীতে জানানো হবে বলে জানানো হয়।
ডিস্ক্রিপশন এই অনুচ্ছেদে সংবাদের মূল অংশ ছোট অক্ষরে মুদ্রিত। প্রতিবেদনে বলা হয়েছে, সংশ্লিষ্ট কর্তৃপক্ষ বিষয়টি নিয়ে কাজ করছে এবং প্রয়োজনীয় পদক্ষেপ গ্রহণ করা হবে। স্থানীয় বাসিন্দারা জানান, পরিস্থিতি এখন স্বাভাবিক রয়েছে। এ বিষয়ে বিস্তারিত তথ্য পরবর্তীতে জানানো হবে বলে জানানো হয়।
ষষ্ঠীপূজার মাধ্যমে শুরু হলো
১ম পাতার পর
ডিস্ক্রিপশন এই অনুচ্ছেদে সংবাদের মূল অংশ ছোট অক্ষরে মুদ্রিত। প্রতিবেদনে বলা হয়েছে, সংশ্লিষ্ট কর্তৃপক্ষ বিষয়টি নিয়ে কাজ করছে এবং প্রয়োজনীয় পদক্ষেপ গ্রহণ করা হবে। স্থানীয় বাসিন্দারা জানান, পরিস্থিতি এখন স্বাভাবিক রয়েছে। এ বিষয়ে বিস্তারিত তথ্য পরবর্তীতে জানানো হবে বলে জানানো হয়।
ডিস্ক্রিপশন এই অনুচ্ছেদে সংবাদের মূল অংশ ছোট অক্ষরে মুদ্রিত। প্রতিবেদনে বলা হয়েছে, সংশ্লিষ্ট কর্তৃপক্ষ বিষয়টি নিয়ে কাজ করছে এবং প্রয়োজনীয় পদক্ষেপ গ্রহণ করা হবে। স্থানীয় বাসিন্দারা জানান, পরিস্থিতি এখন স্বাভাবিক রয়েছে। এ বিষয়ে বিস্তারিত তথ্য পরবর্তীতে জানানো হবে বলে জানানো হয়।
ডিস্ক্রিপশন এই অনুচ্ছেদে সংবাদের মূল অংশ ছোট অক্ষরে মুদ্রিত। প্রতিবেদনে বলা হয়েছে, সংশ্লিষ্ট কর্তৃপক্ষ বিষয়টি নিয়ে কাজ করছে এবং প্রয়োজনীয় পদক্ষেপ গ্রহণ করা হবে। স্থানীয় বাসিন্দারা জানান, পরিস্থিতি এখন স্বাভাবিক রয়েছে। এ বিষয়ে বিস্তারিত তথ্য পরবর্তীতে জানানো হবে বলে জানানো হয়।
ডিস্ক্রিপশন এই অনুচ্ছেদে সংবাদের মূল অংশ ছোট অক্ষরে মুদ্রিত। প্রতিবেদনে বলা হয়েছে, সংশ্লিষ্ট কর্তৃপক্ষ বিষয়টি নিয়ে কাজ করছে এবং প্রয়োজনীয় পদক্ষেপ গ্রহণ করা হবে। স্থানীয় বাসিন্দারা জানান, পরিস্থিতি এখন স্বাভাবিক রয়েছে। এ বিষয়ে বিস্তারিত তথ্য পরবর্তীতে জানানো হবে বলে জানানো হয়।
ডিস্ক্রিপশন এই অনুচ্ছেদে সংবাদের মূল অংশ ছোট অক্ষরে মুদ্রিত। প্রতিবেদনে বলা হয়েছে, সংশ্লিষ্ট কর্তৃপক্ষ বিষয়টি নিয়ে কাজ করছে এবং প্রয়োজনীয় পদক্ষেপ গ্রহণ করা হবে। স্থানীয় বাসিন্দারা জানান, পরিস্থিতি এখন স্বাভাবিক রয়েছে। এ বিষয়ে বিস্তারিত তথ্য পরবর্তীতে জানানো হবে বলে জানানো হয়।
ডিস্ক্রিপশন এই অনুচ্ছেদে সংবাদের মূল অংশ ছোট অক্ষরে মুদ্রিত। প্রতিবেদনে বলা হয়েছে, সংশ্লিষ্ট কর্তৃপক্ষ বিষয়টি নিয়ে কাজ করছে এবং প্রয়োজনীয় পদক্ষেপ গ্রহণ করা হবে। স্থানীয় বাসিন্দারা জানান, পরিস্থিতি এখন স্বাভাবিক রয়েছে। এ বিষয়ে বিস্তারিত তথ্য পরবর্তীতে জানানো হবে বলে জানানো হয়।
ডিস্ক্রিপশন এই অনুচ্ছেদে সংবাদের মূল অংশ ছোট অক্ষরে মুদ্রিত। প্রতিবেদনে বলা হয়েছে, সংশ্লিষ্ট কর্তৃপক্ষ বিষয়টি নিয়ে কাজ করছে এবং প্রয়োজনীয় পদক্ষেপ গ্রহণ করা হবে। স্থানীয় বাসিন্দারা জানান, পরিস্থিতি এখন স্বাভাবিক রয়েছে। এ বিষয়ে বিস্তারিত তথ্য পরবর্তীতে জানানো হবে বলে জানানো হয়।
ডিস্ক্রিপশন এই অনুচ্ছেদে সংবাদের মূল অংশ ছোট অক্ষরে মুদ্রিত। প্রতিবেদনে বলা হয়েছে, সংশ্লিষ্ট কর্তৃপক্ষ বিষয়টি নিয়ে কাজ করছে এবং প্রয়োজনীয় পদক্ষেপ গ্রহণ করা হবে। স্থানীয় বাসিন্দারা জানান, পরিস্থিতি এখন স্বাভাবিক রয়েছে। এ বিষয়ে বিস্তারিত তথ্য পরবর্তীতে জানানো হবে বলে জানানো হয়।
ডিস্ক্রিপশন এই অনুচ্ছেদে সংবাদের মূল অংশ ছোট অক্ষরে মুদ্রিত। প্রতিবেদনে বলা হয়েছে, সংশ্লিষ্ট কর্তৃপক্ষ বিষয়টি নিয়ে কাজ করছে এবং প্রয়োজনীয় পদক্ষেপ গ্রহণ করা হবে। স্থানীয় বাসিন্দারা জানান, পরিস্থিতি এখন স্বাভাবিক রয়েছে। এ বিষয়ে বিস্তারিত তথ্য পরবর্তীতে জানানো হবে বলে জানানো হয়।
ডিস্ক্রিপশন এই অনুচ্ছেদে সংবাদের মূল অংশ ছোট অক্ষরে মুদ্রিত। প্রতিবেদনে বলা হয়েছে, সংশ্লিষ্ট কর্তৃপক্ষ বিষয়টি নিয়ে কাজ করছে এবং প্রয়োজনীয় পদক্ষেপ গ্রহণ করা হবে। স্থানীয় বাসিন্দারা জানান, পরিস্থিতি এখন স্বাভাবিক রয়েছে। এ বিষয়ে বিস্তারিত তথ্য পরবর্তীতে জানানো হবে বলে জানানো হয়।
ডিস্ক্রিপশন এই অনুচ্ছেদে সংবাদের মূল অংশ ছোট অক্ষরে মুদ্রিত। প্রতিবেদনে বলা হয়েছে, সংশ্লিষ্ট কর্তৃপক্ষ বিষয়টি নিয়ে কাজ করছে এবং প্রয়োজনীয় পদক্ষেপ গ্রহণ করা হবে। স্থানীয় বাসিন্দারা জানান, পরিস্থিতি এখন স্বাভাবিক রয়েছে। এ বিষয়ে বিস্তারিত তথ্য পরবর্তীতে জানানো হবে বলে জানানো হয়।
ডিস্ক্রিপশন এই অনুচ্ছেদে সংবাদের মূল অংশ ছোট অক্ষরে মুদ্রিত। প্রতিবেদনে বলা হয়েছে, সংশ্লিষ্ট কর্তৃপক্ষ বিষয়টি নিয়ে কাজ করছে এবং প্রয়োজনীয় পদক্ষেপ গ্রহণ করা হবে। স্থানীয় বাসিন্দারা জানান, পরিস্থিতি এখন স্বাভাবিক রয়েছে। এ বিষয়ে বিস্তারিত তথ্য পরবর্তীতে জানানো হবে বলে জানানো হয়।
দেশ পুনর্গঠনে প্রবাসীদের
১ম পাতার পর
ডিস্ক্রিপশন এই অনুচ্ছেদে সংবাদের মূল অংশ ছোট অক্ষরে মুদ্রিত। প্রতিবেদনে বলা হয়েছে, সংশ্লিষ্ট কর্তৃপক্ষ বিষয়টি নিয়ে কাজ করছে এবং প্রয়োজনীয় পদক্ষেপ গ্রহণ করা হবে। স্থানীয় বাসিন্দারা জানান, পরিস্থিতি এখন স্বাভাবিক রয়েছে। এ বিষয়ে বিস্তারিত তথ্য পরবর্তীতে জানানো হবে বলে জানানো হয়।
ডিস্ক্রিপশন এই অনুচ্ছেদে সংবাদের মূল অংশ ছোট অক্ষরে মুদ্রিত। প্রতিবেদনে বলা হয়েছে, সংশ্লিষ্ট কর্তৃপক্ষ বিষয়টি নিয়ে কাজ করছে এবং প্রয়োজনীয় পদক্ষেপ গ্রহণ করা হবে। স্থানীয় বাসিন্দারা জানান, পরিস্থিতি এখন স্বাভাবিক রয়েছে। এ বিষয়ে বিস্তারিত তথ্য পরবর্তীতে জানানো হবে বলে জানানো হয়।
ডিস্ক্রিপশন এই অনুচ্ছেদে সংবাদের মূল অংশ ছোট অক্ষরে মুদ্রিত। প্রতিবেদনে বলা হয়েছে, সংশ্লিষ্ট কর্তৃপক্ষ বিষয়টি নিয়ে কাজ করছে এবং প্রয়োজনীয় পদক্ষেপ গ্রহণ করা হবে। স্থানীয় বাসিন্দারা জানান, পরিস্থিতি এখন স্বাভাবিক রয়েছে। এ বিষয়ে বিস্তারিত তথ্য পরবর্তীতে জানানো হবে বলে জানানো হয়।
ইসির সংলাপে ‘মব
১ম পাতার পর
ডিস্ক্রিপশন এই অনুচ্ছেদে সংবাদের মূল অংশ ছোট অক্ষরে মুদ্রিত। প্রতিবেদনে বলা হয়েছে, সংশ্লিষ্ট কর্তৃপক্ষ বিষয়টি নিয়ে কাজ করছে এবং প্রয়োজনীয় পদক্ষেপ গ্রহণ করা হবে। স্থানীয় বাসিন্দারা জানান, পরিস্থিতি এখন স্বাভাবিক রয়েছে। এ বিষয়ে বিস্তারিত তথ্য পরবর্তীতে জানানো হবে বলে জানানো হয়।
ডিস্ক্রিপশন এই অনুচ্ছেদে সংবাদের মূল অংশ ছোট অক্ষরে মুদ্রিত। প্রতিবেদনে বলা হয়েছে, সংশ্লিষ্ট কর্তৃপক্ষ বিষয়টি নিয়ে কাজ করছে এবং প্রয়োজনীয় পদক্ষেপ গ্রহণ করা হবে। স্থানীয় বাসিন্দারা জানান, পরিস্থিতি এখন স্বাভাবিক রয়েছে। এ বিষয়ে বিস্তারিত তথ্য পরবর্তীতে জানানো হবে বলে জানানো হয়।
ডিস্ক্রিপশন এই অনুচ্ছেদে সংবাদের মূল অংশ ছোট অক্ষরে মুদ্রিত। প্রতিবেদনে বলা হয়েছে, সংশ্লিষ্ট কর্তৃপক্ষ বিষয়টি নিয়ে কাজ করছে এবং প্রয়োজনীয় পদক্ষেপ গ্রহণ করা হবে। স্থানীয় বাসিন্দারা জানান, পরিস্থিতি এখন স্বাভাবিক রয়েছে। এ বিষয়ে বিস্তারিত তথ্য পরবর্তীতে জানানো হবে বলে জানানো হয়।
ডিস্ক্রিপশন এই অনুচ্ছেদে সংবাদের মূল অংশ ছোট অক্ষরে মুদ্রিত। প্রতিবেদনে বলা হয়েছে, সংশ্লিষ্ট কর্তৃপক্ষ বিষয়টি নিয়ে কাজ করছে এবং প্রয়োজনীয় পদক্ষেপ গ্রহণ করা হবে। স্থানীয় বাসিন্দারা জানান, পরিস্থিতি এখন স্বাভাবিক রয়েছে। এ বিষয়ে বিস্তারিত তথ্য পরবর্তীতে জানানো হবে বলে জানানো হয়।
ডিস্ক্রিপশন এই অনুচ্ছেদে সংবাদের মূল অংশ ছোট অক্ষরে মুদ্রিত। প্রতিবেদনে বলা হয়েছে, সংশ্লিষ্ট কর্তৃপক্ষ বিষয়টি নিয়ে কাজ করছে এবং প্রয়োজনীয় পদক্ষেপ গ্রহণ করা হবে। স্থানীয় বাসিন্দারা জানান, পরিস্থিতি এখন স্বাভাবিক রয়েছে। এ বিষয়ে বিস্তারিত তথ্য পরবর্তীতে জানানো হবে বলে জানানো হয়।
ডিস্ক্রিপশন এই অনুচ্ছেদে সংবাদের মূল অংশ ছোট অক্ষরে মুদ্রিত। প্রতিবেদনে বলা হয়েছে, সংশ্লিষ্ট কর্তৃপক্ষ বিষয়টি নিয়ে কাজ করছে এবং প্রয়োজনীয় পদক্ষেপ গ্রহণ করা হবে। স্থানীয় বাসিন্দারা জানান, পরিস্থিতি এখন স্বাভাবিক রয়েছে। এ বিষয়ে বিস্তারিত তথ্য পরবর্তীতে জানানো হবে বলে জানানো হয়।
ডিস্ক্রিপশন এই অনুচ্ছেদে সংবাদের মূল অংশ ছোট অক্ষরে মুদ্রিত। প্রতিবেদনে বলা হয়েছে, সংশ্লিষ্ট কর্তৃপক্ষ বিষয়টি নিয়ে কাজ করছে এবং প্রয়োজনীয় পদক্ষেপ গ্রহণ করা হবে। স্থানীয় বাসিন্দারা জানান, পরিস্থিতি এখন স্বাভাবিক রয়েছে। এ বিষয়ে বিস্তারিত তথ্য পরবর্তীতে জানানো হবে বলে জানানো হয়।
ডিস্ক্রিপশন এই অনুচ্ছেদে সংবাদের মূল অংশ ছোট অক্ষরে মুদ্রিত। প্রতিবেদনে বলা হয়েছে, সংশ্লিষ্ট কর্তৃপক্ষ বিষয়টি নিয়ে কাজ করছে এবং প্রয়োজনীয় পদক্ষেপ গ্রহণ করা হবে। স্থানীয় বাসিন্দারা জানান, পরিস্থিতি এখন স্বাভাবিক রয়েছে। এ বিষয়ে বিস্তারিত তথ্য পরবর্তীতে জানানো হবে বলে জানানো হয়।
ডিস্ক্রিপশন এই অনুচ্ছেদে সংবাদের মূল অংশ ছোট অক্ষরে মুদ্রিত। প্রতিবেদনে বলা হয়েছে, সংশ্লিষ্ট কর্তৃপক্ষ বিষয়টি নিয়ে কাজ করছে এবং প্রয়োজনীয় পদক্ষেপ গ্রহণ করা হবে। স্থানীয় বাসিন্দারা জানান, পরিস্থিতি এখন স্বাভাবিক রয়েছে। এ বিষয়ে বিস্তারিত তথ্য পরবর্তীতে জানানো হবে বলে জানানো হয়।
ডিস্ক্রিপশন এই অনুচ্ছেদে সংবাদের মূল অংশ ছোট অক্ষরে মুদ্রিত। প্রতিবেদনে বলা হয়েছে, সংশ্লিষ্ট কর্তৃপক্ষ বিষয়টি নিয়ে কাজ করছে এবং প্রয়োজনীয় পদক্ষেপ গ্রহণ করা হবে। স্থানীয় বাসিন্দারা জানান, পরিস্থিতি এখন স্বাভাবিক রয়েছে। এ বিষয়ে বিস্তারিত তথ্য পরবর্তীতে জানানো হবে বলে জানানো হয়।
ডিস্ক্রিপশন এই অনুচ্ছেদে সংবাদের মূল অংশ ছোট অক্ষরে মুদ্রিত। প্রতিবেদনে বলা হয়েছে, সংশ্লিষ্ট কর্তৃপক্ষ বিষয়টি নিয়ে কাজ করছে এবং প্রয়োজনীয় পদক্ষেপ গ্রহণ করা হবে। স্থানীয় বাসিন্দারা জানান, পরিস্থিতি এখন স্বাভাবিক রয়েছে। এ বিষয়ে বিস্তারিত তথ্য পরবর্তীতে জানানো হবে বলে জানানো হয়।
ডিস্ক্রিপশন এই অনুচ্ছেদে সংবাদের মূল অংশ ছোট অক্ষরে মুদ্রিত। প্রতিবেদনে বলা হয়েছে, সংশ্লিষ্ট কর্তৃপক্ষ বিষয়টি নিয়ে কাজ করছে এবং প্রয়োজনীয় পদক্ষেপ গ্রহণ করা হবে। স্থানীয় বাসিন্দারা জানান, পরিস্থিতি এখন স্বাভাবিক রয়েছে। এ বিষয়ে বিস্তারিত তথ্য পরবর্তীতে জানানো হবে বলে জানানো হয়।
ডিস্ক্রিপশন এই অনুচ্ছেদে সংবাদের মূল অংশ ছোট অক্ষরে মুদ্রিত। প্রতিবেদনে বলা হয়েছে, সংশ্লিষ্ট কর্তৃপক্ষ বিষয়টি নিয়ে কাজ করছে এবং প্রয়োজনীয় পদক্ষেপ গ্রহণ করা হবে। স্থানীয় বাসিন্দারা জানান, পরিস্থিতি এখন স্বাভাবিক রয়েছে। এ বিষয়ে বিস্তারিত তথ্য পরবর্তীতে জানানো হবে বলে জানানো হয়।
ডিস্ক্রিপশন এই অনুচ্ছেদে সংবাদের মূল অংশ ছোট অক্ষরে মুদ্রিত। প্রতিবেদনে বলা হয়েছে, সংশ্লিষ্ট কর্তৃপক্ষ বিষয়টি নিয়ে কাজ করছে এবং প্রয়োজনীয় পদক্ষেপ গ্রহণ করা হবে। স্থানীয় বাসিন্দারা জানান, পরিস্থিতি এখন স্বাভাবিক রয়েছে। এ বিষয়ে বিস্তারিত তথ্য পরবর্তীতে জানানো হবে বলে জানানো হয়।
ডিস্ক্রিপশন এই অনুচ্ছেদে সংবাদের মূল অংশ ছোট অক্ষরে মুদ্রিত। প্রতিবেদনে বলা হয়েছে, সংশ্লিষ্ট কর্তৃপক্ষ বিষয়টি নিয়ে কাজ করছে এবং প্রয়োজনীয় পদক্ষেপ গ্রহণ করা হবে। স্থানীয় বাসিন্দারা জানান, পরিস্থিতি এখন স্বাভাবিক রয়েছে। এ বিষয়ে বিস্তারিত তথ্য পরবর্তীতে জানানো হবে বলে জানানো হয়।
ডিস্ক্রিপশন এই অনুচ্ছেদে সংবাদের মূল অংশ ছোট অক্ষরে মুদ্রিত। প্রতিবেদনে বলা হয়েছে, সংশ্লিষ্ট কর্তৃপক্ষ বিষয়টি নিয়ে কাজ করছে এবং প্রয়োজনীয় পদক্ষেপ গ্রহণ করা হবে। স্থানীয় বাসিন্দারা জানান, পরিস্থিতি এখন স্বাভাবিক রয়েছে। এ বিষয়ে বিস্তারিত তথ্য পরবর্তীতে জানানো হবে বলে জানানো হয়।
ডিস্ক্রিপশন এই অনুচ্ছেদে সংবাদের মূল অংশ ছোট অক্ষরে মুদ্রিত। প্রতিবেদনে বলা হয়েছে, সংশ্লিষ্ট কর্তৃপক্ষ বিষয়টি নিয়ে কাজ করছে এবং প্রয়োজনীয় পদক্ষেপ গ্রহণ করা হবে। স্থানীয় বাসিন্দারা জানান, পরিস্থিতি এখন স্বাভাবিক রয়েছে। এ বিষয়ে বিস্তারিত তথ্য পরবর্তীতে জানানো হবে বলে জানানো হয়।
ডিস্ক্রিপশন এই অনুচ্ছেদে সংবাদের মূল অংশ ছোট অক্ষরে মুদ্রিত। প্রতিবেদনে বলা হয়েছে, সংশ্লিষ্ট কর্তৃপক্ষ বিষয়টি নিয়ে কাজ করছে এবং প্রয়োজনীয় পদক্ষেপ গ্রহণ করা হবে। স্থানীয় বাসিন্দারা জানান, পরিস্থিতি এখন স্বাভাবিক রয়েছে। এ বিষয়ে বিস্তারিত তথ্য পরবর্তীতে জানানো হবে বলে জানানো হয়।
ডিস্ক্রিপশন এই অনুচ্ছেদে সংবাদের মূল অংশ ছোট অক্ষরে মুদ্রিত। প্রতিবেদনে বলা হয়েছে, সংশ্লিষ্ট কর্তৃপক্ষ বিষয়টি নিয়ে কাজ করছে এবং প্রয়োজনীয় পদক্ষেপ গ্রহণ করা হবে। স্থানীয় বাসিন্দারা জানান, পরিস্থিতি এখন স্বাভাবিক রয়েছে। এ বিষয়ে বিস্তারিত তথ্য পরবর্তীতে জানানো হবে বলে জানানো হয়।
ডিস্ক্রিপশন এই অনুচ্ছেদে সংবাদের মূল অংশ ছোট অক্ষরে মুদ্রিত। প্রতিবেদনে বলা হয়েছে, সংশ্লিষ্ট কর্তৃপক্ষ বিষয়টি নিয়ে কাজ করছে এবং প্রয়োজনীয় পদক্ষেপ গ্রহণ করা হবে। স্থানীয় বাসিন্দারা জানান, পরিস্থিতি এখন স্বাভাবিক রয়েছে। এ বিষয়ে বিস্তারিত তথ্য পরবর্তীতে জানানো হবে বলে জানানো হয়।
ডিস্ক্রিপশন এই অনুচ্ছেদে সংবাদের মূল অংশ ছোট অক্ষরে মুদ্রিত। প্রতিবেদনে বলা হয়েছে, সংশ্লিষ্ট কর্তৃপক্ষ বিষয়টি নিয়ে কাজ করছে এবং প্রয়োজনীয় পদক্ষেপ গ্রহণ করা হবে। স্থানীয় বাসিন্দারা জানান, পরিস্থিতি এখন স্বাভাবিক রয়েছে। এ বিষয়ে বিস্তারিত তথ্য পরবর্তীতে জানানো হবে বলে জানানো হয়।
ডিস্ক্রিপশন এই অনুচ্ছেদে সংবাদের মূল অংশ ছোট অক্ষরে মুদ্রিত। প্রতিবেদনে বলা হয়েছে, সংশ্লিষ্ট কর্তৃপক্ষ বিষয়টি নিয়ে কাজ করছে এবং প্রয়োজনীয় পদক্ষেপ গ্রহণ করা হবে। স্থানীয় বাসিন্দারা জানান, পরিস্থিতি এখন স্বাভাবিক রয়েছে। এ বিষয়ে বিস্তারিত তথ্য পরবর্তীতে জানানো হবে বলে জানানো হয়।
ডিস্ক্রিপশন এই অনুচ্ছেদে সংবাদের মূল অংশ ছোট অক্ষরে মুদ্রিত। প্রতিবেদনে বলা হয়েছে, সংশ্লিষ্ট কর্তৃপক্ষ বিষয়টি নিয়ে কাজ করছে এবং প্রয়োজনীয় পদক্ষেপ গ্রহণ করা হবে। স্থানীয় বাসিন্দারা জানান, পরিস্থিতি এখন স্বাভাবিক রয়েছে। এ বিষয়ে বিস্তারিত তথ্য পরবর্তীতে জানানো হবে বলে জানানো হয়।
ডিস্ক্রিপশন এই অনুচ্ছেদে সংবাদের মূল অংশ ছোট অক্ষরে মুদ্রিত। প্রতিবেদনে বলা হয়েছে, সংশ্লিষ্ট কর্তৃপক্ষ বিষয়টি নিয়ে কাজ করছে এবং প্রয়োজনীয় পদক্ষেপ গ্রহণ করা হবে। স্থানীয় বাসিন্দারা জানান, পরিস্থিতি এখন স্বাভাবিক রয়েছে। এ বিষয়ে বিস্তারিত তথ্য পরবর্তীতে জানানো হবে বলে জানানো হয়।
ডিস্ক্রিপশন এই অনুচ্ছেদে সংবাদের মূল অংশ ছোট অক্ষরে মুদ্রিত। প্রতিবেদনে বলা হয়েছে, সংশ্লিষ্ট কর্তৃপক্ষ বিষয়টি নিয়ে কাজ করছে এবং প্রয়োজনীয় পদক্ষেপ গ্রহণ করা হবে। স্থানীয় বাসিন্দারা জানান, পরিস্থিতি এখন স্বাভাবিক রয়েছে। এ বিষয়ে বিস্তারিত তথ্য পরবর্তীতে জানানো হবে বলে জানানো হয়।
ডিস্ক্রিপশন এই অনুচ্ছেদে সংবাদের মূল অংশ ছোট অক্ষরে মুদ্রিত। প্রতিবেদনে বলা হয়েছে, সংশ্লিষ্ট কর্তৃপক্ষ বিষয়টি নিয়ে কাজ করছে এবং প্রয়োজনীয় পদক্ষেপ গ্রহণ করা হবে। স্থানীয় বাসিন্দারা জানান, পরিস্থিতি এখন স্বাভাবিক রয়েছে। এ বিষয়ে বিস্তারিত তথ্য পরবর্তীতে জানানো হবে বলে জানানো হয়।
ট্রাইব্যুনালে ১৭ ভিডিওতে জুলাই
১ম পাতার পর
ডিস্ক্রিপশন এই অনুচ্ছেদে সংবাদের মূল অংশ ছোট অক্ষরে মুদ্রিত। প্রতিবেদনে বলা হয়েছে, সংশ্লিষ্ট কর্তৃপক্ষ বিষয়টি নিয়ে কাজ করছে এবং প্রয়োজনীয় পদক্ষেপ গ্রহণ করা হবে। স্থানীয় বাসিন্দারা জানান, পরিস্থিতি এখন স্বাভাবিক রয়েছে। এ বিষয়ে বিস্তারিত তথ্য পরবর্তীতে জানানো হবে বলে জানানো হয়।
ডিস্ক্রিপশন এই অনুচ্ছেদে সংবাদের মূল অংশ ছোট অক্ষরে মুদ্রিত। প্রতিবেদনে বলা হয়েছে, সংশ্লিষ্ট কর্তৃপক্ষ বিষয়টি নিয়ে কাজ করছে এবং প্রয়োজনীয় পদক্ষেপ গ্রহণ করা হবে। স্থানীয় বাসিন্দারা জানান, পরিস্থিতি এখন স্বাভাবিক রয়েছে। এ বিষয়ে বিস্তারিত তথ্য পরবর্তীতে জানানো হবে বলে জানানো হয়।
ডিস্ক্রিপশন এই অনুচ্ছেদে সংবাদের মূল অংশ ছোট অক্ষরে মুদ্রিত। প্রতিবেদনে বলা হয়েছে, সংশ্লিষ্ট কর্তৃপক্ষ বিষয়টি নিয়ে কাজ করছে এবং প্রয়োজনীয় পদক্ষেপ গ্রহণ করা হবে। স্থানীয় বাসিন্দারা জানান, পরিস্থিতি এখন স্বাভাবিক রয়েছে। এ বিষয়ে বিস্তারিত তথ্য পরবর্তীতে জানানো হবে বলে জানানো হয়।
ডিস্ক্রিপশন এই অনুচ্ছেদে সংবাদের মূল অংশ ছোট অক্ষরে মুদ্রিত। প্রতিবেদনে বলা হয়েছে, সংশ্লিষ্ট কর্তৃপক্ষ বিষয়টি নিয়ে কাজ করছে এবং প্রয়োজনীয় পদক্ষেপ গ্রহণ করা হবে। স্থানীয় বাসিন্দারা জানান, পরিস্থিতি এখন স্বাভাবিক রয়েছে। এ বিষয়ে বিস্তারিত তথ্য পরবর্তীতে জানানো হবে বলে জানানো হয়।
দেশের ক্রমবর্ধমান প্রধানমন্ত্রী বসলেন
১ম পাতার পর
ডিস্ক্রিপশন এই অনুচ্ছেদে সংবাদের মূল অংশ ছোট অক্ষরে মুদ্রিত। প্রতিবেদনে বলা হয়েছে, সংশ্লিষ্ট কর্তৃপক্ষ বিষয়টি নিয়ে কাজ করছে এবং প্রয়োজনীয় পদক্ষেপ গ্রহণ করা হবে। স্থানীয় বাসিন্দারা জানান, পরিস্থিতি এখন স্বাভাবিক রয়েছে। এ বিষয়ে বিস্তারিত তথ্য পরবর্তীতে জানানো হবে বলে জানানো হয়।
ডিস্ক্রিপশন এই অনুচ্ছেদে সংবাদের মূল অংশ ছোট অক্ষরে মুদ্রিত। প্রতিবেদনে বলা হয়েছে, সংশ্লিষ্ট কর্তৃপক্ষ বিষয়টি নিয়ে কাজ করছে এবং প্রয়োজনীয় পদক্ষেপ গ্রহণ করা হবে। স্থানীয় বাসিন্দারা জানান, পরিস্থিতি এখন স্বাভাবিক রয়েছে। এ বিষয়ে বিস্তারিত তথ্য পরবর্তীতে জানানো হবে বলে জানানো হয়।
ডিস্ক্রিপশন এই অনুচ্ছেদে সংবাদের মূল অংশ ছোট অক্ষরে মুদ্রিত। প্রতিবেদনে বলা হয়েছে, সংশ্লিষ্ট কর্তৃপক্ষ বিষয়টি নিয়ে কাজ করছে এবং প্রয়োজনীয় পদক্ষেপ গ্রহণ করা হবে। স্থানীয় বাসিন্দারা জানান, পরিস্থিতি এখন স্বাভাবিক রয়েছে। এ বিষয়ে বিস্তারিত তথ্য পরবর্তীতে জানানো হবে বলে জানানো হয়।
ডিস্ক্রিপশন এই অনুচ্ছেদে সংবাদের মূল অংশ ছোট অক্ষরে মুদ্রিত। প্রতিবেদনে বলা হয়েছে, সংশ্লিষ্ট কর্তৃপক্ষ বিষয়টি নিয়ে কাজ করছে এবং প্রয়োজনীয় পদক্ষেপ গ্রহণ করা হবে। স্থানীয় বাসিন্দারা জানান, পরিস্থিতি এখন স্বাভাবিক রয়েছে। এ বিষয়ে বিস্তারিত তথ্য পরবর্তীতে জানানো হবে বলে জানানো হয়।
ডিস্ক্রিপশন এই অনুচ্ছেদে সংবাদের মূল অংশ ছোট অক্ষরে মুদ্রিত। প্রতিবেদনে বলা হয়েছে, সংশ্লিষ্ট কর্তৃপক্ষ বিষয়টি নিয়ে কাজ করছে এবং প্রয়োজনীয় পদক্ষেপ গ্রহণ করা হবে। স্থানীয় বাসিন্দারা জানান, পরিস্থিতি এখন স্বাভাবিক রয়েছে। এ বিষয়ে বিস্তারিত তথ্য পরবর্তীতে জানানো হবে বলে জানানো হয়।
ডিস্ক্রিপশন এই অনুচ্ছেদে সংবাদের মূল অংশ ছোট অক্ষরে মুদ্রিত। প্রতিবেদনে বলা হয়েছে, সংশ্লিষ্ট কর্তৃপক্ষ বিষয়টি নিয়ে কাজ করছে এবং প্রয়োজনীয় পদক্ষেপ গ্রহণ করা হবে। স্থানীয় বাসিন্দারা জানান, পরিস্থিতি এখন স্বাভাবিক রয়েছে। এ বিষয়ে বিস্তারিত তথ্য পরবর্তীতে জানানো হবে বলে জানানো হয়।
পশ্চিমাদের যেকোনো আগ্রাসনের
১ম পাতার পর
ডিস্ক্রিপশন এই অনুচ্ছেদে সংবাদের মূল অংশ ছোট অক্ষরে মুদ্রিত। প্রতিবেদনে বলা হয়েছে, সংশ্লিষ্ট কর্তৃপক্ষ বিষয়টি নিয়ে কাজ করছে এবং প্রয়োজনীয় পদক্ষেপ গ্রহণ করা হবে। স্থানীয় বাসিন্দারা জানান, পরিস্থিতি এখন স্বাভাবিক রয়েছে। এ বিষয়ে বিস্তারিত তথ্য পরবর্তীতে জানানো হবে বলে জানানো হয়।
ডিস্ক্রিপশন এই অনুচ্ছেদে সংবাদের মূল অংশ ছোট অক্ষরে মুদ্রিত। প্রতিবেদনে বলা হয়েছে, সংশ্লিষ্ট কর্তৃপক্ষ বিষয়টি নিয়ে কাজ করছে এবং প্রয়োজনীয় পদক্ষেপ গ্রহণ করা হবে। স্থানীয় বাসিন্দারা জানান, পরিস্থিতি এখন স্বাভাবিক রয়েছে। এ বিষয়ে বিস্তারিত তথ্য পরবর্তীতে জানানো হবে বলে জানানো হয়।
ডিস্ক্রিপশন এই অনুচ্ছেদে সংবাদের মূল অংশ ছোট অক্ষরে মুদ্রিত। প্রতিবেদনে বলা হয়েছে, সংশ্লিষ্ট কর্তৃপক্ষ বিষয়টি নিয়ে কাজ করছে এবং প্রয়োজনীয় পদক্ষেপ গ্রহণ করা হবে। স্থানীয় বাসিন্দারা জানান, পরিস্থিতি এখন স্বাভাবিক রয়েছে। এ বিষয়ে বিস্তারিত তথ্য পরবর্তীতে জানানো হবে বলে জানানো হয়।
ডিস্ক্রিপশন এই অনুচ্ছেদে সংবাদের মূল অংশ ছোট অক্ষরে মুদ্রিত। প্রতিবেদনে বলা হয়েছে, সংশ্লিষ্ট কর্তৃপক্ষ বিষয়টি নিয়ে কাজ করছে এবং প্রয়োজনীয় পদক্ষেপ গ্রহণ করা হবে। স্থানীয় বাসিন্দারা জানান, পরিস্থিতি এখন স্বাভাবিক রয়েছে। এ বিষয়ে বিস্তারিত তথ্য পরবর্তীতে জানানো হবে বলে জানানো হয়।
ডিস্ক্রিপশন এই অনুচ্ছেদে সংবাদের মূল অংশ ছোট অক্ষরে মুদ্রিত। প্রতিবেদনে বলা হয়েছে, সংশ্লিষ্ট কর্তৃপক্ষ বিষয়টি নিয়ে কাজ করছে এবং প্রয়োজনীয় পদক্ষেপ গ্রহণ করা হবে। স্থানীয় বাসিন্দারা জানান, পরিস্থিতি এখন স্বাভাবিক রয়েছে। এ বিষয়ে বিস্তারিত তথ্য পরবর্তীতে জানানো হবে বলে জানানো হয়।
ডিস্ক্রিপশন এই অনুচ্ছেদে সংবাদের মূল অংশ ছোট অক্ষরে মুদ্রিত। প্রতিবেদনে বলা হয়েছে, সংশ্লিষ্ট কর্তৃপক্ষ বিষয়টি নিয়ে কাজ করছে এবং প্রয়োজনীয় পদক্ষেপ গ্রহণ করা হবে। স্থানীয় বাসিন্দারা জানান, পরিস্থিতি এখন স্বাভাবিক রয়েছে। এ বিষয়ে বিস্তারিত তথ্য পরবর্তীতে জানানো হবে বলে জানানো হয়।
ডিস্ক্রিপশন এই অনুচ্ছেদে সংবাদের মূল অংশ ছোট অক্ষরে মুদ্রিত। প্রতিবেদনে বলা হয়েছে, সংশ্লিষ্ট কর্তৃপক্ষ বিষয়টি নিয়ে কাজ করছে এবং প্রয়োজনীয় পদক্ষেপ গ্রহণ করা হবে। স্থানীয় বাসিন্দারা জানান, পরিস্থিতি এখন স্বাভাবিক রয়েছে। এ বিষয়ে বিস্তারিত তথ্য পরবর্তীতে জানানো হবে বলে জানানো হয়।
ডিস্ক্রিপশন এই অনুচ্ছেদে সংবাদের মূল অংশ ছোট অক্ষরে মুদ্রিত। প্রতিবেদনে বলা হয়েছে, সংশ্লিষ্ট কর্তৃপক্ষ বিষয়টি নিয়ে কাজ করছে এবং প্রয়োজনীয় পদক্ষেপ গ্রহণ করা হবে। স্থানীয় বাসিন্দারা জানান, পরিস্থিতি এখন স্বাভাবিক রয়েছে। এ বিষয়ে বিস্তারিত তথ্য পরবর্তীতে জানানো হবে বলে জানানো হয়।
ডিস্ক্রিপশন এই অনুচ্ছেদে সংবাদের মূল অংশ ছোট অক্ষরে মুদ্রিত। প্রতিবেদনে বলা হয়েছে, সংশ্লিষ্ট কর্তৃপক্ষ বিষয়টি নিয়ে কাজ করছে এবং প্রয়োজনীয় পদক্ষেপ গ্রহণ করা হবে। স্থানীয় বাসিন্দারা জানান, পরিস্থিতি এখন স্বাভাবিক রয়েছে। এ বিষয়ে বিস্তারিত তথ্য পরবর্তীতে জানানো হবে বলে জানানো হয়।
ডিস্ক্রিপশন এই অনুচ্ছেদে সংবাদের মূল অংশ ছোট অক্ষরে মুদ্রিত। প্রতিবেদনে বলা হয়েছে, সংশ্লিষ্ট কর্তৃপক্ষ বিষয়টি নিয়ে কাজ করছে এবং প্রয়োজনীয় পদক্ষেপ গ্রহণ করা হবে। স্থানীয় বাসিন্দারা জানান, পরিস্থিতি এখন স্বাভাবিক রয়েছে। এ বিষয়ে বিস্তারিত তথ্য পরবর্তীতে জানানো হবে বলে জানানো হয়।
ডিস্ক্রিপশন এই অনুচ্ছেদে সংবাদের মূল অংশ ছোট অক্ষরে মুদ্রিত। প্রতিবেদনে বলা হয়েছে, সংশ্লিষ্ট কর্তৃপক্ষ বিষয়টি নিয়ে কাজ করছে এবং প্রয়োজনীয় পদক্ষেপ গ্রহণ করা হবে। স্থানীয় বাসিন্দারা জানান, পরিস্থিতি এখন স্বাভাবিক রয়েছে। এ বিষয়ে বিস্তারিত তথ্য পরবর্তীতে জানানো হবে বলে জানানো হয়।
ডিস্ক্রিপশন এই অনুচ্ছেদে সংবাদের মূল অংশ ছোট অক্ষরে মুদ্রিত। প্রতিবেদনে বলা হয়েছে, সংশ্লিষ্ট কর্তৃপক্ষ বিষয়টি নিয়ে কাজ করছে এবং প্রয়োজনীয় পদক্ষেপ গ্রহণ করা হবে। স্থানীয় বাসিন্দারা জানান, পরিস্থিতি এখন স্বাভাবিক রয়েছে। এ বিষয়ে বিস্তারিত তথ্য পরবর্তীতে জানানো হবে বলে জানানো হয়।
ডিস্ক্রিপশন এই অনুচ্ছেদে সংবাদের মূল অংশ ছোট অক্ষরে মুদ্রিত। প্রতিবেদনে বলা হয়েছে, সংশ্লিষ্ট কর্তৃপক্ষ বিষয়টি নিয়ে কাজ করছে এবং প্রয়োজনীয় পদক্ষেপ গ্রহণ করা হবে। স্থানীয় বাসিন্দারা জানান, পরিস্থিতি এখন স্বাভাবিক রয়েছে। এ বিষয়ে বিস্তারিত তথ্য পরবর্তীতে জানানো হবে বলে জানানো হয়।
ডিস্ক্রিপশন এই অনুচ্ছেদে সংবাদের মূল অংশ ছোট অক্ষরে মুদ্রিত। প্রতিবেদনে বলা হয়েছে, সংশ্লিষ্ট কর্তৃপক্ষ বিষয়টি নিয়ে কাজ করছে এবং প্রয়োজনীয় পদক্ষেপ গ্রহণ করা হবে। স্থানীয় বাসিন্দারা জানান, পরিস্থিতি এখন স্বাভাবিক রয়েছে। এ বিষয়ে বিস্তারিত তথ্য পরবর্তীতে জানানো হবে বলে জানানো হয়।
দেশবাসীকে স্বর্ণিম হওয়ার আহ্বান
১ম পাতার পর
ডিস্ক্রিপশন এই অনুচ্ছেদে সংবাদের মূল অংশ ছোট অক্ষরে মুদ্রিত। প্রতিবেদনে বলা হয়েছে, সংশ্লিষ্ট কর্তৃপক্ষ বিষয়টি নিয়ে কাজ করছে এবং প্রয়োজনীয় পদক্ষেপ গ্রহণ করা হবে। স্থানীয় বাসিন্দারা জানান, পরিস্থিতি এখন স্বাভাবিক রয়েছে। এ বিষয়ে বিস্তারিত তথ্য পরবর্তীতে জানানো হবে বলে জানানো হয়।
ডিস্ক্রিপশন এই অনুচ্ছেদে সংবাদের মূল অংশ ছোট অক্ষরে মুদ্রিত। প্রতিবেদনে বলা হয়েছে, সংশ্লিষ্ট কর্তৃপক্ষ বিষয়টি নিয়ে কাজ করছে এবং প্রয়োজনীয় পদক্ষেপ গ্রহণ করা হবে। স্থানীয় বাসিন্দারা জানান, পরিস্থিতি এখন স্বাভাবিক রয়েছে। এ বিষয়ে বিস্তারিত তথ্য পরবর্তীতে জানানো হবে বলে জানানো হয়।
ডিস্ক্রিপশন এই অনুচ্ছেদে সংবাদের মূল অংশ ছোট অক্ষরে মুদ্রিত। প্রতিবেদনে বলা হয়েছে, সংশ্লিষ্ট কর্তৃপক্ষ বিষয়টি নিয়ে কাজ করছে এবং প্রয়োজনীয় পদক্ষেপ গ্রহণ করা হবে। স্থানীয় বাসিন্দারা জানান, পরিস্থিতি এখন স্বাভাবিক রয়েছে। এ বিষয়ে বিস্তারিত তথ্য পরবর্তীতে জানানো হবে বলে জানানো হয়।
ডিস্ক্রিপশন এই অনুচ্ছেদে সংবাদের মূল অংশ ছোট অক্ষরে মুদ্রিত। প্রতিবেদনে বলা হয়েছে, সংশ্লিষ্ট কর্তৃপক্ষ বিষয়টি নিয়ে কাজ করছে এবং প্রয়োজনীয় পদক্ষেপ গ্রহণ করা হবে। স্থানীয় বাসিন্দারা জানান, পরিস্থিতি এখন স্বাভাবিক রয়েছে। এ বিষয়ে বিস্তারিত তথ্য পরবর্তীতে জানানো হবে বলে জানানো হয়।
ডিস্ক্রিপশন এই অনুচ্ছেদে সংবাদের মূল অংশ ছোট অক্ষরে মুদ্রিত। প্রতিবেদনে বলা হয়েছে, সংশ্লিষ্ট কর্তৃপক্ষ বিষয়টি নিয়ে কাজ করছে এবং প্রয়োজনীয় পদক্ষেপ গ্রহণ করা হবে। স্থানীয় বাসিন্দারা জানান, পরিস্থিতি এখন স্বাভাবিক রয়েছে। এ বিষয়ে বিস্তারিত তথ্য পরবর্তীতে জানানো হবে বলে জানানো হয়।
প্রবাসীদের ৫ ইউনুস
১ম পাতার পর
ডিস্ক্রিপশন এই অনুচ্ছেদে সংবাদের মূল অংশ ছোট অক্ষরে মুদ্রিত। প্রতিবেদনে বলা হয়েছে, সংশ্লিষ্ট কর্তৃপক্ষ বিষয়টি নিয়ে কাজ করছে এবং প্রয়োজনীয় পদক্ষেপ গ্রহণ করা হবে। স্থানীয় বাসিন্দারা জানান, পরিস্থিতি এখন স্বাভাবিক রয়েছে। এ বিষয়ে বিস্তারিত তথ্য পরবর্তীতে জানানো হবে বলে জানানো হয়।
ডিস্ক্রিপশন এই অনুচ্ছেদে সংবাদের মূল অংশ ছোট অক্ষরে মুদ্রিত। প্রতিবেদনে বলা হয়েছে, সংশ্লিষ্ট কর্তৃপক্ষ বিষয়টি নিয়ে কাজ করছে এবং প্রয়োজনীয় পদক্ষেপ গ্রহণ করা হবে। স্থানীয় বাসিন্দারা জানান, পরিস্থিতি এখন স্বাভাবিক রয়েছে। এ বিষয়ে বিস্তারিত তথ্য পরবর্তীতে জানানো হবে বলে জানানো হয়।
ডিস্ক্রিপশন এই অনুচ্ছেদে সংবাদের মূল অংশ ছোট অক্ষরে মুদ্রিত। প্রতিবেদনে বলা হয়েছে, সংশ্লিষ্ট কর্তৃপক্ষ বিষয়টি নিয়ে কাজ করছে এবং প্রয়োজনীয় পদক্ষেপ গ্রহণ করা হবে। স্থানীয় বাসিন্দারা জানান, পরিস্থিতি এখন স্বাভাবিক রয়েছে। এ বিষয়ে বিস্তারিত তথ্য পরবর্তীতে জানানো হবে বলে জানানো হয়।
ডিস্ক্রিপশন এই অনুচ্ছেদে সংবাদের মূল অংশ ছোট অক্ষরে মুদ্রিত। প্রতিবেদনে বলা হয়েছে, সংশ্লিষ্ট কর্তৃপক্ষ বিষয়টি নিয়ে কাজ করছে এবং প্রয়োজনীয় পদক্ষেপ গ্রহণ করা হবে। স্থানীয় বাসিন্দারা জানান, পরিস্থিতি এখন স্বাভাবিক রয়েছে। এ বিষয়ে বিস্তারিত তথ্য পরবর্তীতে জানানো হবে বলে জানানো হয়।
ডিস্ক্রিপশন এই অনুচ্ছেদে সংবাদের মূল অংশ ছোট অক্ষরে মুদ্রিত। প্রতিবেদনে বলা হয়েছে, সংশ্লিষ্ট কর্তৃপক্ষ বিষয়টি নিয়ে কাজ করছে এবং প্রয়োজনীয় পদক্ষেপ গ্রহণ করা হবে। স্থানীয় বাসিন্দারা জানান, পরিস্থিতি এখন স্বাভাবিক রয়েছে। এ বিষয়ে বিস্তারিত তথ্য পরবর্তীতে জানানো হবে বলে জানানো হয়।
গাছাড়ি কিশোরীকে সংঘবদ্ধ ধর্ষণের প্রতিবাদে অবরোধ
১ম পাতার পর
ডিস্ক্রিপশন এই অনুচ্ছেদে সংবাদের মূল অংশ ছোট অক্ষরে মুদ্রিত। প্রতিবেদনে বলা হয়েছে, সংশ্লিষ্ট কর্তৃপক্ষ বিষয়টি নিয়ে কাজ করছে এবং প্রয়োজনীয় পদক্ষেপ গ্রহণ করা হবে। স্থানীয় বাসিন্দারা জানান, পরিস্থিতি এখন স্বাভাবিক রয়েছে। এ বিষয়ে বিস্তারিত তথ্য পরবর্তীতে জানানো হবে বলে জানানো হয়।
ডিস্ক্রিপশন এই অনুচ্ছেদে সংবাদের মূল অংশ ছোট অক্ষরে মুদ্রিত। প্রতিবেদনে বলা হয়েছে, সংশ্লিষ্ট কর্তৃপক্ষ বিষয়টি নিয়ে কাজ করছে এবং প্রয়োজনীয় পদক্ষেপ গ্রহণ করা হবে। স্থানীয় বাসিন্দারা জানান, পরিস্থিতি এখন স্বাভাবিক রয়েছে। এ বিষয়ে বিস্তারিত তথ্য পরবর্তীতে জানানো হবে বলে জানানো হয়।
ডিস্ক্রিপশন এই অনুচ্ছেদে সংবাদের মূল অংশ ছোট অক্ষরে মুদ্রিত। প্রতিবেদনে বলা হয়েছে, সংশ্লিষ্ট কর্তৃপক্ষ বিষয়টি নিয়ে কাজ করছে এবং প্রয়োজনীয় পদক্ষেপ গ্রহণ করা হবে। স্থানীয় বাসিন্দারা জানান, পরিস্থিতি এখন স্বাভাবিক রয়েছে। এ বিষয়ে বিস্তারিত তথ্য পরবর্তীতে জানানো হবে বলে জানানো হয়।
ডিস্ক্রিপশন এই অনুচ্ছেদে সংবাদের মূল অংশ ছোট অক্ষরে মুদ্রিত। প্রতিবেদনে বলা হয়েছে, সংশ্লিষ্ট কর্তৃপক্ষ বিষয়টি নিয়ে কাজ করছে এবং প্রয়োজনীয় পদক্ষেপ গ্রহণ করা হবে। স্থানীয় বাসিন্দারা জানান, পরিস্থিতি এখন স্বাভাবিক রয়েছে। এ বিষয়ে বিস্তারিত তথ্য পরবর্তীতে জানানো হবে বলে জানানো হয়।
ডিস্ক্রিপশন এই অনুচ্ছেদে সংবাদের মূল অংশ ছোট অক্ষরে মুদ্রিত। প্রতিবেদনে বলা হয়েছে, সংশ্লিষ্ট কর্তৃপক্ষ বিষয়টি নিয়ে কাজ করছে এবং প্রয়োজনীয় পদক্ষেপ গ্রহণ করা হবে। স্থানীয় বাসিন্দারা জানান, পরিস্থিতি এখন স্বাভাবিক রয়েছে। এ বিষয়ে বিস্তারিত তথ্য পরবর্তীতে জানানো হবে বলে জানানো হয়।
ডিস্ক্রিপশন এই অনুচ্ছেদে সংবাদের মূল অংশ ছোট অক্ষরে মুদ্রিত। প্রতিবেদনে বলা হয়েছে, সংশ্লিষ্ট কর্তৃপক্ষ বিষয়টি নিয়ে কাজ করছে এবং প্রয়োজনীয় পদক্ষেপ গ্রহণ করা হবে। স্থানীয় বাসিন্দারা জানান, পরিস্থিতি এখন স্বাভাবিক রয়েছে। এ বিষয়ে বিস্তারিত তথ্য পরবর্তীতে জানানো হবে বলে জানানো হয়।
ডিস্ক্রিপশন এই অনুচ্ছেদে সংবাদের মূল অংশ ছোট অক্ষরে মুদ্রিত। প্রতিবেদনে বলা হয়েছে, সংশ্লিষ্ট কর্তৃপক্ষ বিষয়টি নিয়ে কাজ করছে এবং প্রয়োজনীয় পদক্ষেপ গ্রহণ করা হবে। স্থানীয় বাসিন্দারা জানান, পরিস্থিতি এখন স্বাভাবিক রয়েছে। এ বিষয়ে বিস্তারিত তথ্য পরবর্তীতে জানানো হবে বলে জানানো হয়।
সাম্প্রদায়িক উসকানিদাতাদের
১ম পাতার পর
ডিস্ক্রিপশন এই অনুচ্ছেদে সংবাদের মূল অংশ ছোট অক্ষরে মুদ্রিত। প্রতিবেদনে বলা হয়েছে, সংশ্লিষ্ট কর্তৃপক্ষ বিষয়টি নিয়ে কাজ করছে এবং প্রয়োজনীয় পদক্ষেপ গ্রহণ করা হবে। স্থানীয় বাসিন্দারা জানান, পরিস্থিতি এখন স্বাভাবিক রয়েছে। এ বিষয়ে বিস্তারিত তথ্য পরবর্তীতে জানানো হবে বলে জানানো হয়।
ডিস্ক্রিপশন এই অনুচ্ছেদে সংবাদের মূল অংশ ছোট অক্ষরে মুদ্রিত। প্রতিবেদনে বলা হয়েছে, সংশ্লিষ্ট কর্তৃপক্ষ বিষয়টি নিয়ে কাজ করছে এবং প্রয়োজনীয় পদক্ষেপ গ্রহণ করা হবে। স্থানীয় বাসিন্দারা জানান, পরিস্থিতি এখন স্বাভাবিক রয়েছে। এ বিষয়ে বিস্তারিত তথ্য পরবর্তীতে জানানো হবে বলে জানানো হয়।
ডিস্ক্রিপশন এই অনুচ্ছেদে সংবাদের মূল অংশ ছোট অক্ষরে মুদ্রিত। প্রতিবেদনে বলা হয়েছে, সংশ্লিষ্ট কর্তৃপক্ষ বিষয়টি নিয়ে কাজ করছে এবং প্রয়োজনীয় পদক্ষেপ গ্রহণ করা হবে। স্থানীয় বাসিন্দারা জানান, পরিস্থিতি এখন স্বাভাবিক রয়েছে। এ বিষয়ে বিস্তারিত তথ্য পরবর্তীতে জানানো হবে বলে জানানো হয়।
ডিস্ক্রিপশন এই অনুচ্ছেদে সংবাদের মূল অংশ ছোট অক্ষরে মুদ্রিত। প্রতিবেদনে বলা হয়েছে, সংশ্লিষ্ট কর্তৃপক্ষ বিষয়টি নিয়ে কাজ করছে এবং প্রয়োজনীয় পদক্ষেপ গ্রহণ করা হবে। স্থানীয় বাসিন্দারা জানান, পরিস্থিতি এখন স্বাভাবিক রয়েছে। এ বিষয়ে বিস্তারিত তথ্য পরবর্তীতে জানানো হবে বলে জানানো হয়।
শারদীয় দুর্গাপূজা উপলক্ষে
১ম পাতার পর
ডিস্ক্রিপশন এই অনুচ্ছেদে সংবাদের মূল অংশ ছোট অক্ষরে মুদ্রিত। প্রতিবেদনে বলা হয়েছে, সংশ্লিষ্ট কর্তৃপক্ষ বিষয়টি নিয়ে কাজ করছে এবং প্রয়োজনীয় পদক্ষেপ গ্রহণ করা হবে। স্থানীয় বাসিন্দারা জানান, পরিস্থিতি এখন স্বাভাবিক রয়েছে। এ বিষয়ে বিস্তারিত তথ্য পরবর্তীতে জানানো হবে বলে জানানো হয়।
ডিস্ক্রিপশন এই অনুচ্ছেদে সংবাদের মূল অংশ ছোট অক্ষরে মুদ্রিত। প্রতিবেদনে বলা হয়েছে, সংশ্লিষ্ট কর্তৃপক্ষ বিষয়টি নিয়ে কাজ করছে এবং প্রয়োজনীয় পদক্ষেপ গ্রহণ করা হবে। স্থানীয় বাসিন্দারা জানান, পরিস্থিতি এখন স্বাভাবিক রয়েছে। এ বিষয়ে বিস্তারিত তথ্য পরবর্তীতে জানানো হবে বলে জানানো হয়।
ডিস্ক্রিপশন এই অনুচ্ছেদে সংবাদের মূল অংশ ছোট অক্ষরে মুদ্রিত। প্রতিবেদনে বলা হয়েছে, সংশ্লিষ্ট কর্তৃপক্ষ বিষয়টি নিয়ে কাজ করছে এবং প্রয়োজনীয় পদক্ষেপ গ্রহণ করা হবে। স্থানীয় বাসিন্দারা জানান, পরিস্থিতি এখন স্বাভাবিক রয়েছে। এ বিষয়ে বিস্তারিত তথ্য পরবর্তীতে জানানো হবে বলে জানানো হয়।
ডিস্ক্রিপশন এই অনুচ্ছেদে সংবাদের মূল অংশ ছোট অক্ষরে মুদ্রিত। প্রতিবেদনে বলা হয়েছে, সংশ্লিষ্ট কর্তৃপক্ষ বিষয়টি নিয়ে কাজ করছে এবং প্রয়োজনীয় পদক্ষেপ গ্রহণ করা হবে। স্থানীয় বাসিন্দারা জানান, পরিস্থিতি এখন স্বাভাবিক রয়েছে। এ বিষয়ে বিস্তারিত তথ্য পরবর্তীতে জানানো হবে বলে জানানো হয়।
